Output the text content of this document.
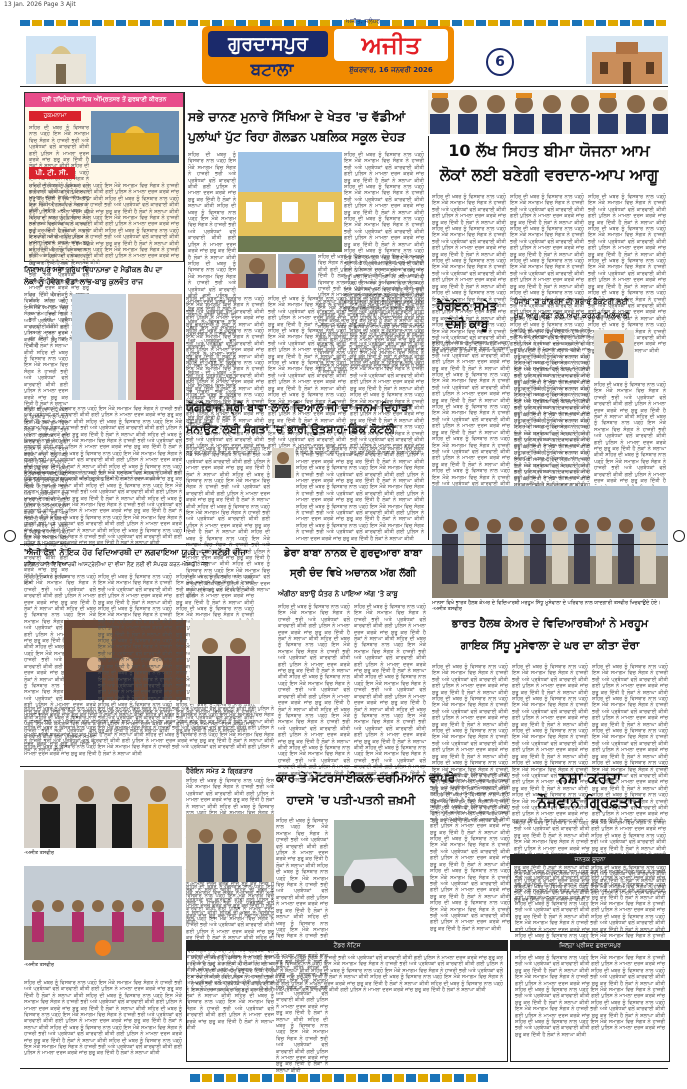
13 Jan. 2026 Page 3 Ajit
ਗੁਰਦਾਸਪੁਰ
ਬਟਾਲਾ
ਅਜੀਤ
ਅਜੀਤ, ਜਲੰਧਰ
ਸ਼ੁੱਕਰਵਾਰ, 16 ਜਨਵਰੀ 2026	6
ਸ੍ਰੀ ਹਰਿਮੰਦਰ ਸਾਹਿਬ ਅੰਮ੍ਰਿਤਸਰ ਤੋਂ ਗੁਰਬਾਣੀ ਕੀਰਤਨ
ਹੁਕਮਨਾਮਾ
ਸ਼ਹਿਰ ਦੀ ਖ਼ਬਰ ਨੂੰ ਵਿਸਥਾਰ ਨਾਲ ਪੜ੍ਹੋ ਇਸ ਮੌਕੇ ਸਮਾਗਮ ਵਿਚ ਸੰਗਤ ਨੇ ਹਾਜ਼ਰੀ ਭਰੀ ਅਤੇ ਪ੍ਰਬੰਧਕਾਂ ਵਲੋਂ ਕਾਰਵਾਈ ਕੀਤੀ ਗਈ ਪੁਲਿਸ ਨੇ ਮਾਮਲਾ ਦਰਜ ਕਰਕੇ ਜਾਂਚ ਸ਼ੁਰੂ ਕਰ ਦਿੱਤੀ ਹੈ ਲੋਕਾਂ ਨੇ ਸ਼ਲਾਘਾ ਕੀਤੀ ਸ਼ਹਿਰ ਦੀ ਖ਼ਬਰ ਨੂੰ ਵਿਸਥਾਰ ਨਾਲ ਪੜ੍ਹੋ ਇਸ ਮੌਕੇ ਸਮਾਗਮ ਵਿਚ ਸੰਗਤ ਨੇ ਹਾਜ਼ਰੀ ਭਰੀ ਅਤੇ ਪ੍ਰਬੰਧਕਾਂ ਵਲੋਂ ਕਾਰਵਾਈ ਕੀਤੀ ਗਈ ਪੁਲਿਸ ਨੇ ਮਾਮਲਾ ਦਰਜ ਕਰਕੇ ਜਾਂਚ ਸ਼ੁਰੂ ਕਰ ਦਿੱਤੀ ਹੈ ਲੋਕਾਂ ਨੇ ਸ਼ਲਾਘਾ ਕੀਤੀ ਸ਼ਹਿਰ ਦੀ ਖ਼ਬਰ ਨੂੰ ਵਿਸਥਾਰ ਨਾਲ ਪੜ੍ਹੋ ਇਸ ਮੌਕੇ ਸਮਾਗਮ ਵਿਚ ਸੰਗਤ ਨੇ ਹਾਜ਼ਰੀ ਭਰੀ ਅਤੇ ਪ੍ਰਬੰਧਕਾਂ ਵਲੋਂ ਕਾਰਵਾਈ ਕੀਤੀ ਗਈ ਪੁਲਿਸ ਨੇ ਮਾਮਲਾ ਦਰਜ ਕਰਕੇ ਜਾਂਚ ਸ਼ੁਰੂ ਕਰ ਦਿੱਤੀ ਹੈ ਲੋਕਾਂ ਨੇ ਸ਼ਲਾਘਾ ਕੀਤੀ ਸ਼ਹਿਰ ਦੀ ਖ਼ਬਰ ਨੂੰ ਵਿਸਥਾਰ ਨਾਲ ਪੜ੍ਹੋ ਇਸ ਮੌਕੇ ਸਮਾਗਮ ਵਿਚ ਸੰਗਤ ਨੇ ਹਾਜ਼ਰੀ ਭਰੀ ਅਤੇ ਪ੍ਰਬੰਧਕਾਂ ਵਲੋਂ ਕਾਰਵਾਈ ਕੀਤੀ ਗਈ ਪੁਲਿਸ ਨੇ ਮਾਮਲਾ ਦਰਜ ਕਰਕੇ ਜਾਂਚ ਸ਼ੁਰੂ ਕਰ ਦਿੱਤੀ ਹੈ ਲੋਕਾਂ ਨੇ ਸ਼ਲਾਘਾ ਕੀਤੀ ਸ਼ਹਿਰ ਦੀ ਖ਼ਬਰ ਨੂੰ ਵਿਸਥਾਰ ਨਾਲ ਪੜ੍ਹੋ ਇਸ ਮੌਕੇ ਸਮਾਗਮ ਵਿਚ ਸੰਗਤ ਨੇ ਹਾਜ਼ਰੀ ਭਰੀ ਅਤੇ ਪ੍ਰਬੰਧਕਾਂ ਵਲੋਂ ਕਾਰਵਾਈ ਕੀਤੀ ਗਈ ਪੁਲਿਸ ਨੇ ਮਾਮਲਾ ਦਰਜ ਕਰਕੇ ਜਾਂਚ ਸ਼ੁਰੂ ਕਰ ਦਿੱਤੀ ਹੈ ਲੋਕਾਂ ਨੇ ਸ਼ਲਾਘਾ ਕੀਤੀ
ਪੀ. ਟੀ. ਸੀ.
ਸ਼ਹਿਰ ਦੀ ਖ਼ਬਰ ਨੂੰ ਵਿਸਥਾਰ ਨਾਲ ਪੜ੍ਹੋ ਇਸ ਮੌਕੇ ਸਮਾਗਮ ਵਿਚ ਸੰਗਤ ਨੇ ਹਾਜ਼ਰੀ ਭਰੀ ਅਤੇ ਪ੍ਰਬੰਧਕਾਂ ਵਲੋਂ ਕਾਰਵਾਈ ਕੀਤੀ ਗਈ ਪੁਲਿਸ ਨੇ ਮਾਮਲਾ ਦਰਜ ਕਰਕੇ ਜਾਂਚ ਸ਼ੁਰੂ ਕਰ ਦਿੱਤੀ ਹੈ ਲੋਕਾਂ ਨੇ ਸ਼ਲਾਘਾ ਕੀਤੀ ਸ਼ਹਿਰ ਦੀ ਖ਼ਬਰ ਨੂੰ ਵਿਸਥਾਰ ਨਾਲ ਪੜ੍ਹੋ ਇਸ ਮੌਕੇ ਸਮਾਗਮ ਵਿਚ ਸੰਗਤ ਨੇ ਹਾਜ਼ਰੀ ਭਰੀ ਅਤੇ ਪ੍ਰਬੰਧਕਾਂ ਵਲੋਂ ਕਾਰਵਾਈ ਕੀਤੀ ਗਈ ਪੁਲਿਸ ਨੇ ਮਾਮਲਾ ਦਰਜ ਕਰਕੇ ਜਾਂਚ ਸ਼ੁਰੂ ਕਰ ਦਿੱਤੀ ਹੈ ਲੋਕਾਂ ਨੇ ਸ਼ਲਾਘਾ ਕੀਤੀ ਸ਼ਹਿਰ ਦੀ ਖ਼ਬਰ ਨੂੰ ਵਿਸਥਾਰ ਨਾਲ ਪੜ੍ਹੋ ਇਸ ਮੌਕੇ ਸਮਾਗਮ ਵਿਚ ਸੰਗਤ ਨੇ ਹਾਜ਼ਰੀ ਭਰੀ ਅਤੇ ਪ੍ਰਬੰਧਕਾਂ ਵਲੋਂ ਕਾਰਵਾਈ ਕੀਤੀ ਗਈ ਪੁਲਿਸ ਨੇ ਮਾਮਲਾ ਦਰਜ ਕਰਕੇ ਜਾਂਚ ਸ਼ੁਰੂ ਕਰ ਦਿੱਤੀ ਹੈ ਲੋਕਾਂ ਨੇ ਸ਼ਲਾਘਾ ਕੀਤੀ ਸ਼ਹਿਰ ਦੀ ਖ਼ਬਰ ਨੂੰ ਵਿਸਥਾਰ ਨਾਲ ਪੜ੍ਹੋ ਇਸ ਮੌਕੇ ਸਮਾਗਮ ਵਿਚ ਸੰਗਤ ਨੇ ਹਾਜ਼ਰੀ ਭਰੀ ਅਤੇ ਪ੍ਰਬੰਧਕਾਂ ਵਲੋਂ ਕਾਰਵਾਈ ਕੀਤੀ ਗਈ ਪੁਲਿਸ ਨੇ ਮਾਮਲਾ ਦਰਜ ਕਰਕੇ ਜਾਂਚ ਸ਼ੁਰੂ ਕਰ ਦਿੱਤੀ ਹੈ ਲੋਕਾਂ ਨੇ ਸ਼ਲਾਘਾ ਕੀਤੀ ਸ਼ਹਿਰ ਦੀ ਖ਼ਬਰ ਨੂੰ ਵਿਸਥਾਰ ਨਾਲ ਪੜ੍ਹੋ ਇਸ ਮੌਕੇ ਸਮਾਗਮ ਵਿਚ ਸੰਗਤ ਨੇ ਹਾਜ਼ਰੀ ਭਰੀ ਅਤੇ ਪ੍ਰਬੰਧਕਾਂ ਵਲੋਂ ਕਾਰਵਾਈ ਕੀਤੀ ਗਈ ਪੁਲਿਸ ਨੇ ਮਾਮਲਾ ਦਰਜ ਕਰਕੇ ਜਾਂਚ ਸ਼ੁਰੂ ਕਰ ਦਿੱਤੀ ਹੈ ਲੋਕਾਂ ਨੇ ਸ਼ਲਾਘਾ ਕੀਤੀ
ਸਭੇ ਚਾਨਣ ਮੁਨਾਰੇ ਸਿੱਖਿਆ ਦੇ ਖੇਤਰ 'ਚ ਵੱਡੀਆਂ
ਪੁਲਾਂਘਾਂ ਪੁੱਟ ਰਿਹਾ ਗੋਲਡਨ ਪਬਲਿਕ ਸਕੂਲ ਦੇਹੜ
ਸ਼ਹਿਰ ਦੀ ਖ਼ਬਰ ਨੂੰ ਵਿਸਥਾਰ ਨਾਲ ਪੜ੍ਹੋ ਇਸ ਮੌਕੇ ਸਮਾਗਮ ਵਿਚ ਸੰਗਤ ਨੇ ਹਾਜ਼ਰੀ ਭਰੀ ਅਤੇ ਪ੍ਰਬੰਧਕਾਂ ਵਲੋਂ ਕਾਰਵਾਈ ਕੀਤੀ ਗਈ ਪੁਲਿਸ ਨੇ ਮਾਮਲਾ ਦਰਜ ਕਰਕੇ ਜਾਂਚ ਸ਼ੁਰੂ ਕਰ ਦਿੱਤੀ ਹੈ ਲੋਕਾਂ ਨੇ ਸ਼ਲਾਘਾ ਕੀਤੀ ਸ਼ਹਿਰ ਦੀ ਖ਼ਬਰ ਨੂੰ ਵਿਸਥਾਰ ਨਾਲ ਪੜ੍ਹੋ ਇਸ ਮੌਕੇ ਸਮਾਗਮ ਵਿਚ ਸੰਗਤ ਨੇ ਹਾਜ਼ਰੀ ਭਰੀ ਅਤੇ ਪ੍ਰਬੰਧਕਾਂ ਵਲੋਂ ਕਾਰਵਾਈ ਕੀਤੀ ਗਈ ਪੁਲਿਸ ਨੇ ਮਾਮਲਾ ਦਰਜ ਕਰਕੇ ਜਾਂਚ ਸ਼ੁਰੂ ਕਰ ਦਿੱਤੀ ਹੈ ਲੋਕਾਂ ਨੇ ਸ਼ਲਾਘਾ ਕੀਤੀ ਸ਼ਹਿਰ ਦੀ ਖ਼ਬਰ ਨੂੰ ਵਿਸਥਾਰ ਨਾਲ ਪੜ੍ਹੋ ਇਸ ਮੌਕੇ ਸਮਾਗਮ ਵਿਚ ਸੰਗਤ ਨੇ ਹਾਜ਼ਰੀ ਭਰੀ ਅਤੇ ਪ੍ਰਬੰਧਕਾਂ ਵਲੋਂ ਕਾਰਵਾਈ ਕੀਤੀ ਗਈ ਪੁਲਿਸ ਨੇ ਮਾਮਲਾ ਦਰਜ ਕਰਕੇ ਜਾਂਚ ਸ਼ੁਰੂ ਕਰ ਦਿੱਤੀ ਹੈ ਲੋਕਾਂ ਨੇ ਸ਼ਲਾਘਾ ਕੀਤੀ ਸ਼ਹਿਰ ਦੀ ਖ਼ਬਰ ਨੂੰ ਵਿਸਥਾਰ ਨਾਲ ਪੜ੍ਹੋ ਇਸ ਮੌਕੇ ਸਮਾਗਮ ਵਿਚ ਸੰਗਤ ਨੇ ਹਾਜ਼ਰੀ ਭਰੀ ਅਤੇ ਪ੍ਰਬੰਧਕਾਂ ਵਲੋਂ ਕਾਰਵਾਈ ਕੀਤੀ ਗਈ ਪੁਲਿਸ ਨੇ ਮਾਮਲਾ ਦਰਜ ਕਰਕੇ ਜਾਂਚ ਸ਼ੁਰੂ ਕਰ ਦਿੱਤੀ ਹੈ ਲੋਕਾਂ ਨੇ ਸ਼ਲਾਘਾ ਕੀਤੀ ਸ਼ਹਿਰ ਦੀ ਖ਼ਬਰ ਨੂੰ ਵਿਸਥਾਰ ਨਾਲ ਪੜ੍ਹੋ ਇਸ ਮੌਕੇ ਸਮਾਗਮ ਵਿਚ ਸੰਗਤ ਨੇ ਹਾਜ਼ਰੀ ਭਰੀ ਅਤੇ ਪ੍ਰਬੰਧਕਾਂ ਵਲੋਂ ਕਾਰਵਾਈ ਕੀਤੀ ਗਈ ਪੁਲਿਸ ਨੇ ਮਾਮਲਾ ਦਰਜ ਕਰਕੇ ਜਾਂਚ ਸ਼ੁਰੂ ਕਰ ਦਿੱਤੀ ਹੈ ਲੋਕਾਂ ਨੇ ਸ਼ਲਾਘਾ ਕੀਤੀ
ਸ਼ਹਿਰ ਦੀ ਖ਼ਬਰ ਨੂੰ ਵਿਸਥਾਰ ਨਾਲ ਪੜ੍ਹੋ ਇਸ ਮੌਕੇ ਸਮਾਗਮ ਵਿਚ ਸੰਗਤ ਨੇ ਹਾਜ਼ਰੀ ਭਰੀ ਅਤੇ ਪ੍ਰਬੰਧਕਾਂ ਵਲੋਂ ਕਾਰਵਾਈ ਕੀਤੀ ਗਈ ਪੁਲਿਸ ਨੇ ਮਾਮਲਾ ਦਰਜ ਕਰਕੇ ਜਾਂਚ ਸ਼ੁਰੂ ਕਰ ਦਿੱਤੀ ਹੈ ਲੋਕਾਂ ਨੇ ਸ਼ਲਾਘਾ ਕੀਤੀ ਸ਼ਹਿਰ ਦੀ ਖ਼ਬਰ ਨੂੰ ਵਿਸਥਾਰ ਨਾਲ ਪੜ੍ਹੋ ਇਸ ਮੌਕੇ ਸਮਾਗਮ ਵਿਚ ਸੰਗਤ ਨੇ ਹਾਜ਼ਰੀ ਭਰੀ ਅਤੇ ਪ੍ਰਬੰਧਕਾਂ ਵਲੋਂ ਕਾਰਵਾਈ ਕੀਤੀ ਗਈ ਪੁਲਿਸ ਨੇ ਮਾਮਲਾ ਦਰਜ ਕਰਕੇ ਜਾਂਚ ਸ਼ੁਰੂ ਕਰ ਦਿੱਤੀ ਹੈ ਲੋਕਾਂ ਨੇ ਸ਼ਲਾਘਾ ਕੀਤੀ ਸ਼ਹਿਰ ਦੀ ਖ਼ਬਰ ਨੂੰ ਵਿਸਥਾਰ ਨਾਲ ਪੜ੍ਹੋ ਇਸ ਮੌਕੇ ਸਮਾਗਮ ਵਿਚ ਸੰਗਤ ਨੇ ਹਾਜ਼ਰੀ ਭਰੀ ਅਤੇ ਪ੍ਰਬੰਧਕਾਂ ਵਲੋਂ ਕਾਰਵਾਈ ਕੀਤੀ ਗਈ ਪੁਲਿਸ ਨੇ ਮਾਮਲਾ ਦਰਜ ਕਰਕੇ ਜਾਂਚ ਸ਼ੁਰੂ ਕਰ ਦਿੱਤੀ ਹੈ ਲੋਕਾਂ ਨੇ ਸ਼ਲਾਘਾ ਕੀਤੀ ਸ਼ਹਿਰ ਦੀ ਖ਼ਬਰ ਨੂੰ ਵਿਸਥਾਰ ਨਾਲ ਪੜ੍ਹੋ ਇਸ ਮੌਕੇ ਸਮਾਗਮ ਵਿਚ ਸੰਗਤ ਨੇ ਹਾਜ਼ਰੀ ਭਰੀ ਅਤੇ ਪ੍ਰਬੰਧਕਾਂ ਵਲੋਂ ਕਾਰਵਾਈ ਕੀਤੀ ਗਈ ਪੁਲਿਸ ਨੇ ਮਾਮਲਾ ਦਰਜ ਕਰਕੇ ਜਾਂਚ ਸ਼ੁਰੂ ਕਰ ਦਿੱਤੀ ਹੈ ਲੋਕਾਂ ਨੇ ਸ਼ਲਾਘਾ ਕੀਤੀ ਸ਼ਹਿਰ ਦੀ ਖ਼ਬਰ ਨੂੰ ਵਿਸਥਾਰ ਨਾਲ ਪੜ੍ਹੋ ਇਸ ਮੌਕੇ ਸਮਾਗਮ ਵਿਚ ਸੰਗਤ ਨੇ ਹਾਜ਼ਰੀ ਭਰੀ ਅਤੇ ਪ੍ਰਬੰਧਕਾਂ ਵਲੋਂ ਕਾਰਵਾਈ ਕੀਤੀ ਗਈ ਪੁਲਿਸ ਨੇ ਮਾਮਲਾ ਦਰਜ ਕਰਕੇ ਜਾਂਚ ਸ਼ੁਰੂ ਕਰ ਦਿੱਤੀ ਹੈ ਲੋਕਾਂ ਨੇ ਸ਼ਲਾਘਾ ਕੀਤੀ
ਸ਼ਹਿਰ ਦੀ ਖ਼ਬਰ ਨੂੰ ਵਿਸਥਾਰ ਨਾਲ ਪੜ੍ਹੋ ਇਸ ਮੌਕੇ ਸਮਾਗਮ ਵਿਚ ਸੰਗਤ ਨੇ ਹਾਜ਼ਰੀ ਭਰੀ ਅਤੇ ਪ੍ਰਬੰਧਕਾਂ ਵਲੋਂ ਕਾਰਵਾਈ ਕੀਤੀ ਗਈ ਪੁਲਿਸ ਨੇ ਮਾਮਲਾ ਦਰਜ ਕਰਕੇ ਜਾਂਚ ਸ਼ੁਰੂ ਕਰ ਦਿੱਤੀ ਹੈ ਲੋਕਾਂ ਨੇ ਸ਼ਲਾਘਾ ਕੀਤੀ ਸ਼ਹਿਰ ਦੀ ਖ਼ਬਰ ਨੂੰ ਵਿਸਥਾਰ ਨਾਲ ਪੜ੍ਹੋ ਇਸ ਮੌਕੇ ਸਮਾਗਮ ਵਿਚ ਸੰਗਤ ਨੇ ਹਾਜ਼ਰੀ ਭਰੀ ਅਤੇ ਪ੍ਰਬੰਧਕਾਂ ਵਲੋਂ ਕਾਰਵਾਈ ਕੀਤੀ ਗਈ ਪੁਲਿਸ ਨੇ ਮਾਮਲਾ ਦਰਜ ਕਰਕੇ ਜਾਂਚ ਸ਼ੁਰੂ ਕਰ ਦਿੱਤੀ ਹੈ ਲੋਕਾਂ ਨੇ ਸ਼ਲਾਘਾ ਕੀਤੀ ਸ਼ਹਿਰ ਦੀ ਖ਼ਬਰ ਨੂੰ ਵਿਸਥਾਰ ਨਾਲ ਪੜ੍ਹੋ ਇਸ ਮੌਕੇ ਸਮਾਗਮ ਵਿਚ ਸੰਗਤ ਨੇ ਹਾਜ਼ਰੀ ਭਰੀ ਅਤੇ ਪ੍ਰਬੰਧਕਾਂ ਵਲੋਂ ਕਾਰਵਾਈ ਕੀਤੀ ਗਈ ਪੁਲਿਸ ਨੇ ਮਾਮਲਾ ਦਰਜ ਕਰਕੇ ਜਾਂਚ ਸ਼ੁਰੂ ਕਰ ਦਿੱਤੀ ਹੈ ਲੋਕਾਂ ਨੇ ਸ਼ਲਾਘਾ ਕੀਤੀ ਸ਼ਹਿਰ ਦੀ ਖ਼ਬਰ ਨੂੰ ਵਿਸਥਾਰ ਨਾਲ ਪੜ੍ਹੋ ਇਸ ਮੌਕੇ ਸਮਾਗਮ ਵਿਚ ਸੰਗਤ ਨੇ ਹਾਜ਼ਰੀ ਭਰੀ ਅਤੇ ਪ੍ਰਬੰਧਕਾਂ ਵਲੋਂ ਕਾਰਵਾਈ ਕੀਤੀ ਗਈ ਪੁਲਿਸ ਨੇ ਮਾਮਲਾ ਦਰਜ ਕਰਕੇ ਜਾਂਚ ਸ਼ੁਰੂ ਕਰ ਦਿੱਤੀ ਹੈ ਲੋਕਾਂ ਨੇ ਸ਼ਲਾਘਾ ਕੀਤੀ ਸ਼ਹਿਰ ਦੀ ਖ਼ਬਰ ਨੂੰ ਵਿਸਥਾਰ ਨਾਲ ਪੜ੍ਹੋ ਇਸ ਮੌਕੇ ਸਮਾਗਮ ਵਿਚ ਸੰਗਤ ਨੇ ਹਾਜ਼ਰੀ ਭਰੀ ਅਤੇ ਪ੍ਰਬੰਧਕਾਂ ਵਲੋਂ ਕਾਰਵਾਈ ਕੀਤੀ ਗਈ ਪੁਲਿਸ ਨੇ ਮਾਮਲਾ ਦਰਜ ਕਰਕੇ ਜਾਂਚ ਸ਼ੁਰੂ ਕਰ ਦਿੱਤੀ ਹੈ ਲੋਕਾਂ ਨੇ ਸ਼ਲਾਘਾ ਕੀਤੀ
10 ਲੱਖ ਸਿਹਤ ਬੀਮਾ ਯੋਜਨਾ ਆਮ
ਲੋਕਾਂ ਲਈ ਬਣੇਗੀ ਵਰਦਾਨ-ਆਪ ਆਗੂ
ਸ਼ਹਿਰ ਦੀ ਖ਼ਬਰ ਨੂੰ ਵਿਸਥਾਰ ਨਾਲ ਪੜ੍ਹੋ ਇਸ ਮੌਕੇ ਸਮਾਗਮ ਵਿਚ ਸੰਗਤ ਨੇ ਹਾਜ਼ਰੀ ਭਰੀ ਅਤੇ ਪ੍ਰਬੰਧਕਾਂ ਵਲੋਂ ਕਾਰਵਾਈ ਕੀਤੀ ਗਈ ਪੁਲਿਸ ਨੇ ਮਾਮਲਾ ਦਰਜ ਕਰਕੇ ਜਾਂਚ ਸ਼ੁਰੂ ਕਰ ਦਿੱਤੀ ਹੈ ਲੋਕਾਂ ਨੇ ਸ਼ਲਾਘਾ ਕੀਤੀ ਸ਼ਹਿਰ ਦੀ ਖ਼ਬਰ ਨੂੰ ਵਿਸਥਾਰ ਨਾਲ ਪੜ੍ਹੋ ਇਸ ਮੌਕੇ ਸਮਾਗਮ ਵਿਚ ਸੰਗਤ ਨੇ ਹਾਜ਼ਰੀ ਭਰੀ ਅਤੇ ਪ੍ਰਬੰਧਕਾਂ ਵਲੋਂ ਕਾਰਵਾਈ ਕੀਤੀ ਗਈ ਪੁਲਿਸ ਨੇ ਮਾਮਲਾ ਦਰਜ ਕਰਕੇ ਜਾਂਚ ਸ਼ੁਰੂ ਕਰ ਦਿੱਤੀ ਹੈ ਲੋਕਾਂ ਨੇ ਸ਼ਲਾਘਾ ਕੀਤੀ ਸ਼ਹਿਰ ਦੀ ਖ਼ਬਰ ਨੂੰ ਵਿਸਥਾਰ ਨਾਲ ਪੜ੍ਹੋ ਇਸ ਮੌਕੇ ਸਮਾਗਮ ਵਿਚ ਸੰਗਤ ਨੇ ਹਾਜ਼ਰੀ ਭਰੀ ਅਤੇ ਪ੍ਰਬੰਧਕਾਂ ਵਲੋਂ ਕਾਰਵਾਈ ਕੀਤੀ ਗਈ ਪੁਲਿਸ ਨੇ ਮਾਮਲਾ ਦਰਜ ਕਰਕੇ ਜਾਂਚ ਸ਼ੁਰੂ ਕਰ ਦਿੱਤੀ ਹੈ ਲੋਕਾਂ ਨੇ ਸ਼ਲਾਘਾ ਕੀਤੀ ਸ਼ਹਿਰ ਦੀ ਖ਼ਬਰ ਨੂੰ ਵਿਸਥਾਰ ਨਾਲ ਪੜ੍ਹੋ ਇਸ ਮੌਕੇ ਸਮਾਗਮ ਵਿਚ ਸੰਗਤ ਨੇ ਹਾਜ਼ਰੀ ਭਰੀ ਅਤੇ ਪ੍ਰਬੰਧਕਾਂ ਵਲੋਂ ਕਾਰਵਾਈ ਕੀਤੀ ਗਈ ਪੁਲਿਸ ਨੇ ਮਾਮਲਾ ਦਰਜ ਕਰਕੇ ਜਾਂਚ ਸ਼ੁਰੂ ਕਰ ਦਿੱਤੀ ਹੈ ਲੋਕਾਂ ਨੇ ਸ਼ਲਾਘਾ ਕੀਤੀ ਸ਼ਹਿਰ ਦੀ ਖ਼ਬਰ ਨੂੰ ਵਿਸਥਾਰ ਨਾਲ ਪੜ੍ਹੋ ਇਸ ਮੌਕੇ ਸਮਾਗਮ ਵਿਚ ਸੰਗਤ ਨੇ ਹਾਜ਼ਰੀ ਭਰੀ ਅਤੇ ਪ੍ਰਬੰਧਕਾਂ ਵਲੋਂ ਕਾਰਵਾਈ ਕੀਤੀ ਗਈ ਪੁਲਿਸ ਨੇ ਮਾਮਲਾ ਦਰਜ ਕਰਕੇ ਜਾਂਚ ਸ਼ੁਰੂ ਕਰ ਦਿੱਤੀ ਹੈ ਲੋਕਾਂ ਨੇ ਸ਼ਲਾਘਾ ਕੀਤੀ
ਸ਼ਹਿਰ ਦੀ ਖ਼ਬਰ ਨੂੰ ਵਿਸਥਾਰ ਨਾਲ ਪੜ੍ਹੋ ਇਸ ਮੌਕੇ ਸਮਾਗਮ ਵਿਚ ਸੰਗਤ ਨੇ ਹਾਜ਼ਰੀ ਭਰੀ ਅਤੇ ਪ੍ਰਬੰਧਕਾਂ ਵਲੋਂ ਕਾਰਵਾਈ ਕੀਤੀ ਗਈ ਪੁਲਿਸ ਨੇ ਮਾਮਲਾ ਦਰਜ ਕਰਕੇ ਜਾਂਚ ਸ਼ੁਰੂ ਕਰ ਦਿੱਤੀ ਹੈ ਲੋਕਾਂ ਨੇ ਸ਼ਲਾਘਾ ਕੀਤੀ ਸ਼ਹਿਰ ਦੀ ਖ਼ਬਰ ਨੂੰ ਵਿਸਥਾਰ ਨਾਲ ਪੜ੍ਹੋ ਇਸ ਮੌਕੇ ਸਮਾਗਮ ਵਿਚ ਸੰਗਤ ਨੇ ਹਾਜ਼ਰੀ ਭਰੀ ਅਤੇ ਪ੍ਰਬੰਧਕਾਂ ਵਲੋਂ ਕਾਰਵਾਈ ਕੀਤੀ ਗਈ ਪੁਲਿਸ ਨੇ ਮਾਮਲਾ ਦਰਜ ਕਰਕੇ ਜਾਂਚ ਸ਼ੁਰੂ ਕਰ ਦਿੱਤੀ ਹੈ ਲੋਕਾਂ ਨੇ ਸ਼ਲਾਘਾ ਕੀਤੀ ਸ਼ਹਿਰ ਦੀ ਖ਼ਬਰ ਨੂੰ ਵਿਸਥਾਰ ਨਾਲ ਪੜ੍ਹੋ ਇਸ ਮੌਕੇ ਸਮਾਗਮ ਵਿਚ ਸੰਗਤ ਨੇ ਹਾਜ਼ਰੀ ਭਰੀ ਅਤੇ ਪ੍ਰਬੰਧਕਾਂ ਵਲੋਂ ਕਾਰਵਾਈ ਕੀਤੀ ਗਈ ਪੁਲਿਸ ਨੇ ਮਾਮਲਾ ਦਰਜ ਕਰਕੇ ਜਾਂਚ ਸ਼ੁਰੂ ਕਰ ਦਿੱਤੀ ਹੈ ਲੋਕਾਂ ਨੇ ਸ਼ਲਾਘਾ ਕੀਤੀ ਸ਼ਹਿਰ ਦੀ ਖ਼ਬਰ ਨੂੰ ਵਿਸਥਾਰ ਨਾਲ ਪੜ੍ਹੋ ਇਸ ਮੌਕੇ ਸਮਾਗਮ ਵਿਚ ਸੰਗਤ ਨੇ ਹਾਜ਼ਰੀ ਭਰੀ ਅਤੇ ਪ੍ਰਬੰਧਕਾਂ ਵਲੋਂ ਕਾਰਵਾਈ ਕੀਤੀ ਗਈ ਪੁਲਿਸ ਨੇ ਮਾਮਲਾ ਦਰਜ ਕਰਕੇ ਜਾਂਚ ਸ਼ੁਰੂ ਕਰ ਦਿੱਤੀ ਹੈ ਲੋਕਾਂ ਨੇ ਸ਼ਲਾਘਾ ਕੀਤੀ ਸ਼ਹਿਰ ਦੀ ਖ਼ਬਰ ਨੂੰ ਵਿਸਥਾਰ ਨਾਲ ਪੜ੍ਹੋ ਇਸ ਮੌਕੇ ਸਮਾਗਮ ਵਿਚ ਸੰਗਤ ਨੇ ਹਾਜ਼ਰੀ ਭਰੀ ਅਤੇ ਪ੍ਰਬੰਧਕਾਂ ਵਲੋਂ ਕਾਰਵਾਈ ਕੀਤੀ ਗਈ ਪੁਲਿਸ ਨੇ ਮਾਮਲਾ ਦਰਜ ਕਰਕੇ ਜਾਂਚ ਸ਼ੁਰੂ ਕਰ ਦਿੱਤੀ ਹੈ ਲੋਕਾਂ ਨੇ ਸ਼ਲਾਘਾ ਕੀਤੀ
ਸ਼ਹਿਰ ਦੀ ਖ਼ਬਰ ਨੂੰ ਵਿਸਥਾਰ ਨਾਲ ਪੜ੍ਹੋ ਇਸ ਮੌਕੇ ਸਮਾਗਮ ਵਿਚ ਸੰਗਤ ਨੇ ਹਾਜ਼ਰੀ ਭਰੀ ਅਤੇ ਪ੍ਰਬੰਧਕਾਂ ਵਲੋਂ ਕਾਰਵਾਈ ਕੀਤੀ ਗਈ ਪੁਲਿਸ ਨੇ ਮਾਮਲਾ ਦਰਜ ਕਰਕੇ ਜਾਂਚ ਸ਼ੁਰੂ ਕਰ ਦਿੱਤੀ ਹੈ ਲੋਕਾਂ ਨੇ ਸ਼ਲਾਘਾ ਕੀਤੀ ਸ਼ਹਿਰ ਦੀ ਖ਼ਬਰ ਨੂੰ ਵਿਸਥਾਰ ਨਾਲ ਪੜ੍ਹੋ ਇਸ ਮੌਕੇ ਸਮਾਗਮ ਵਿਚ ਸੰਗਤ ਨੇ ਹਾਜ਼ਰੀ ਭਰੀ ਅਤੇ ਪ੍ਰਬੰਧਕਾਂ ਵਲੋਂ ਕਾਰਵਾਈ ਕੀਤੀ ਗਈ ਪੁਲਿਸ ਨੇ ਮਾਮਲਾ ਦਰਜ ਕਰਕੇ ਜਾਂਚ ਸ਼ੁਰੂ ਕਰ ਦਿੱਤੀ ਹੈ ਲੋਕਾਂ ਨੇ ਸ਼ਲਾਘਾ ਕੀਤੀ ਸ਼ਹਿਰ ਦੀ ਖ਼ਬਰ ਨੂੰ ਵਿਸਥਾਰ ਨਾਲ ਪੜ੍ਹੋ ਇਸ ਮੌਕੇ ਸਮਾਗਮ ਵਿਚ ਸੰਗਤ ਨੇ ਹਾਜ਼ਰੀ ਭਰੀ ਅਤੇ ਪ੍ਰਬੰਧਕਾਂ ਵਲੋਂ ਕਾਰਵਾਈ ਕੀਤੀ ਗਈ ਪੁਲਿਸ ਨੇ ਮਾਮਲਾ ਦਰਜ ਕਰਕੇ ਜਾਂਚ ਸ਼ੁਰੂ ਕਰ ਦਿੱਤੀ ਹੈ ਲੋਕਾਂ ਨੇ ਸ਼ਲਾਘਾ ਕੀਤੀ ਸ਼ਹਿਰ ਦੀ ਖ਼ਬਰ ਨੂੰ ਵਿਸਥਾਰ ਨਾਲ ਪੜ੍ਹੋ ਇਸ ਮੌਕੇ ਸਮਾਗਮ ਵਿਚ ਸੰਗਤ ਨੇ ਹਾਜ਼ਰੀ ਭਰੀ ਅਤੇ ਪ੍ਰਬੰਧਕਾਂ ਵਲੋਂ ਕਾਰਵਾਈ ਕੀਤੀ ਗਈ ਪੁਲਿਸ ਨੇ ਮਾਮਲਾ ਦਰਜ ਕਰਕੇ ਜਾਂਚ ਸ਼ੁਰੂ ਕਰ ਦਿੱਤੀ ਹੈ ਲੋਕਾਂ ਨੇ ਸ਼ਲਾਘਾ ਕੀਤੀ ਸ਼ਹਿਰ ਦੀ ਖ਼ਬਰ ਨੂੰ ਵਿਸਥਾਰ ਨਾਲ ਪੜ੍ਹੋ ਇਸ ਮੌਕੇ ਸਮਾਗਮ ਵਿਚ ਸੰਗਤ ਨੇ ਹਾਜ਼ਰੀ ਭਰੀ ਅਤੇ ਪ੍ਰਬੰਧਕਾਂ ਵਲੋਂ ਕਾਰਵਾਈ ਕੀਤੀ ਗਈ ਪੁਲਿਸ ਨੇ ਮਾਮਲਾ ਦਰਜ ਕਰਕੇ ਜਾਂਚ ਸ਼ੁਰੂ ਕਰ ਦਿੱਤੀ ਹੈ ਲੋਕਾਂ ਨੇ ਸ਼ਲਾਘਾ ਕੀਤੀ
ਨਿਜ਼ਾਮਪੁਰ ਸਭਾ ਗਰੁੱਪ ਵਿਧਾਨਸਭਾ ਦੇ ਮੈਡੀਕਲ ਕੈਂਪ ਦਾ
ਲੋਕਾਂ ਨੂੰ ਹੋਵੇਗਾ ਵੱਡਾ ਲਾਭ-ਬਾਬੂ ਕੁਲਵੰਤ ਰਾਜ
ਸ਼ਹਿਰ ਦੀ ਖ਼ਬਰ ਨੂੰ ਵਿਸਥਾਰ ਨਾਲ ਪੜ੍ਹੋ ਇਸ ਮੌਕੇ ਸਮਾਗਮ ਵਿਚ ਸੰਗਤ ਨੇ ਹਾਜ਼ਰੀ ਭਰੀ ਅਤੇ ਪ੍ਰਬੰਧਕਾਂ ਵਲੋਂ ਕਾਰਵਾਈ ਕੀਤੀ ਗਈ ਪੁਲਿਸ ਨੇ ਮਾਮਲਾ ਦਰਜ ਕਰਕੇ ਜਾਂਚ ਸ਼ੁਰੂ ਕਰ ਦਿੱਤੀ ਹੈ ਲੋਕਾਂ ਨੇ ਸ਼ਲਾਘਾ ਕੀਤੀ ਸ਼ਹਿਰ ਦੀ ਖ਼ਬਰ ਨੂੰ ਵਿਸਥਾਰ ਨਾਲ ਪੜ੍ਹੋ ਇਸ ਮੌਕੇ ਸਮਾਗਮ ਵਿਚ ਸੰਗਤ ਨੇ ਹਾਜ਼ਰੀ ਭਰੀ ਅਤੇ ਪ੍ਰਬੰਧਕਾਂ ਵਲੋਂ ਕਾਰਵਾਈ ਕੀਤੀ ਗਈ ਪੁਲਿਸ ਨੇ ਮਾਮਲਾ ਦਰਜ ਕਰਕੇ ਜਾਂਚ ਸ਼ੁਰੂ ਕਰ ਦਿੱਤੀ ਹੈ ਲੋਕਾਂ ਨੇ ਸ਼ਲਾਘਾ ਕੀਤੀ ਸ਼ਹਿਰ ਦੀ ਖ਼ਬਰ ਨੂੰ ਵਿਸਥਾਰ ਨਾਲ ਪੜ੍ਹੋ ਇਸ ਮੌਕੇ ਸਮਾਗਮ ਵਿਚ ਸੰਗਤ ਨੇ ਹਾਜ਼ਰੀ ਭਰੀ ਅਤੇ ਪ੍ਰਬੰਧਕਾਂ ਵਲੋਂ ਕਾਰਵਾਈ ਕੀਤੀ ਗਈ ਪੁਲਿਸ ਨੇ ਮਾਮਲਾ ਦਰਜ ਕਰਕੇ ਜਾਂਚ ਸ਼ੁਰੂ ਕਰ ਦਿੱਤੀ ਹੈ ਲੋਕਾਂ ਨੇ ਸ਼ਲਾਘਾ ਕੀਤੀ ਸ਼ਹਿਰ ਦੀ ਖ਼ਬਰ ਨੂੰ ਵਿਸਥਾਰ ਨਾਲ ਪੜ੍ਹੋ ਇਸ ਮੌਕੇ ਸਮਾਗਮ ਵਿਚ ਸੰਗਤ ਨੇ ਹਾਜ਼ਰੀ ਭਰੀ ਅਤੇ ਪ੍ਰਬੰਧਕਾਂ ਵਲੋਂ ਕਾਰਵਾਈ ਕੀਤੀ ਗਈ ਪੁਲਿਸ ਨੇ ਮਾਮਲਾ ਦਰਜ ਕਰਕੇ ਜਾਂਚ ਸ਼ੁਰੂ ਕਰ ਦਿੱਤੀ ਹੈ ਲੋਕਾਂ ਨੇ ਸ਼ਲਾਘਾ ਕੀਤੀ ਸ਼ਹਿਰ ਦੀ ਖ਼ਬਰ ਨੂੰ ਵਿਸਥਾਰ ਨਾਲ ਪੜ੍ਹੋ ਇਸ ਮੌਕੇ ਸਮਾਗਮ ਵਿਚ ਸੰਗਤ ਨੇ ਹਾਜ਼ਰੀ ਭਰੀ ਅਤੇ ਪ੍ਰਬੰਧਕਾਂ ਵਲੋਂ ਕਾਰਵਾਈ ਕੀਤੀ ਗਈ ਪੁਲਿਸ ਨੇ ਮਾਮਲਾ ਦਰਜ ਕਰਕੇ ਜਾਂਚ ਸ਼ੁਰੂ ਕਰ ਦਿੱਤੀ ਹੈ ਲੋਕਾਂ ਨੇ ਸ਼ਲਾਘਾ ਕੀਤੀ
ਸ਼ਹਿਰ ਦੀ ਖ਼ਬਰ ਨੂੰ ਵਿਸਥਾਰ ਨਾਲ ਪੜ੍ਹੋ ਇਸ ਮੌਕੇ ਸਮਾਗਮ ਵਿਚ ਸੰਗਤ ਨੇ ਹਾਜ਼ਰੀ ਭਰੀ ਅਤੇ ਪ੍ਰਬੰਧਕਾਂ ਵਲੋਂ ਕਾਰਵਾਈ ਕੀਤੀ ਗਈ ਪੁਲਿਸ ਨੇ ਮਾਮਲਾ ਦਰਜ ਕਰਕੇ ਜਾਂਚ ਸ਼ੁਰੂ ਕਰ ਦਿੱਤੀ ਹੈ ਲੋਕਾਂ ਨੇ ਸ਼ਲਾਘਾ ਕੀਤੀ ਸ਼ਹਿਰ ਦੀ ਖ਼ਬਰ ਨੂੰ ਵਿਸਥਾਰ ਨਾਲ ਪੜ੍ਹੋ ਇਸ ਮੌਕੇ ਸਮਾਗਮ ਵਿਚ ਸੰਗਤ ਨੇ ਹਾਜ਼ਰੀ ਭਰੀ ਅਤੇ ਪ੍ਰਬੰਧਕਾਂ ਵਲੋਂ ਕਾਰਵਾਈ ਕੀਤੀ ਗਈ ਪੁਲਿਸ ਨੇ ਮਾਮਲਾ ਦਰਜ ਕਰਕੇ ਜਾਂਚ ਸ਼ੁਰੂ ਕਰ ਦਿੱਤੀ ਹੈ ਲੋਕਾਂ ਨੇ ਸ਼ਲਾਘਾ ਕੀਤੀ ਸ਼ਹਿਰ ਦੀ ਖ਼ਬਰ ਨੂੰ ਵਿਸਥਾਰ ਨਾਲ ਪੜ੍ਹੋ ਇਸ ਮੌਕੇ ਸਮਾਗਮ ਵਿਚ ਸੰਗਤ ਨੇ ਹਾਜ਼ਰੀ ਭਰੀ ਅਤੇ ਪ੍ਰਬੰਧਕਾਂ ਵਲੋਂ ਕਾਰਵਾਈ ਕੀਤੀ ਗਈ ਪੁਲਿਸ ਨੇ ਮਾਮਲਾ ਦਰਜ ਕਰਕੇ ਜਾਂਚ ਸ਼ੁਰੂ ਕਰ ਦਿੱਤੀ ਹੈ ਲੋਕਾਂ ਨੇ ਸ਼ਲਾਘਾ ਕੀਤੀ ਸ਼ਹਿਰ ਦੀ ਖ਼ਬਰ ਨੂੰ ਵਿਸਥਾਰ ਨਾਲ ਪੜ੍ਹੋ ਇਸ ਮੌਕੇ ਸਮਾਗਮ ਵਿਚ ਸੰਗਤ ਨੇ ਹਾਜ਼ਰੀ ਭਰੀ ਅਤੇ ਪ੍ਰਬੰਧਕਾਂ ਵਲੋਂ ਕਾਰਵਾਈ ਕੀਤੀ ਗਈ ਪੁਲਿਸ ਨੇ ਮਾਮਲਾ ਦਰਜ ਕਰਕੇ ਜਾਂਚ ਸ਼ੁਰੂ ਕਰ ਦਿੱਤੀ ਹੈ ਲੋਕਾਂ ਨੇ ਸ਼ਲਾਘਾ ਕੀਤੀ ਸ਼ਹਿਰ ਦੀ ਖ਼ਬਰ ਨੂੰ ਵਿਸਥਾਰ ਨਾਲ ਪੜ੍ਹੋ ਇਸ ਮੌਕੇ ਸਮਾਗਮ ਵਿਚ ਸੰਗਤ ਨੇ ਹਾਜ਼ਰੀ ਭਰੀ ਅਤੇ ਪ੍ਰਬੰਧਕਾਂ ਵਲੋਂ ਕਾਰਵਾਈ ਕੀਤੀ ਗਈ ਪੁਲਿਸ ਨੇ ਮਾਮਲਾ ਦਰਜ ਕਰਕੇ ਜਾਂਚ ਸ਼ੁਰੂ ਕਰ ਦਿੱਤੀ ਹੈ ਲੋਕਾਂ ਨੇ ਸ਼ਲਾਘਾ ਕੀਤੀ
ਹੈਰੋਇਨ ਸਮੇਤ
ਦੋਸ਼ੀ ਕਾਬੂ
ਸ਼ਹਿਰ ਦੀ ਖ਼ਬਰ ਨੂੰ ਵਿਸਥਾਰ ਨਾਲ ਪੜ੍ਹੋ ਇਸ ਮੌਕੇ ਸਮਾਗਮ ਵਿਚ ਸੰਗਤ ਨੇ ਹਾਜ਼ਰੀ ਭਰੀ ਅਤੇ ਪ੍ਰਬੰਧਕਾਂ ਵਲੋਂ ਕਾਰਵਾਈ ਕੀਤੀ ਗਈ ਪੁਲਿਸ ਨੇ ਮਾਮਲਾ ਦਰਜ ਕਰਕੇ ਜਾਂਚ ਸ਼ੁਰੂ ਕਰ ਦਿੱਤੀ ਹੈ ਲੋਕਾਂ ਨੇ ਸ਼ਲਾਘਾ ਕੀਤੀ ਸ਼ਹਿਰ ਦੀ ਖ਼ਬਰ ਨੂੰ ਵਿਸਥਾਰ ਨਾਲ ਪੜ੍ਹੋ ਇਸ ਮੌਕੇ ਸਮਾਗਮ ਵਿਚ ਸੰਗਤ ਨੇ ਹਾਜ਼ਰੀ ਭਰੀ ਅਤੇ ਪ੍ਰਬੰਧਕਾਂ ਵਲੋਂ ਕਾਰਵਾਈ ਕੀਤੀ ਗਈ ਪੁਲਿਸ ਨੇ ਮਾਮਲਾ ਦਰਜ ਕਰਕੇ ਜਾਂਚ ਸ਼ੁਰੂ ਕਰ ਦਿੱਤੀ ਹੈ ਲੋਕਾਂ ਨੇ ਸ਼ਲਾਘਾ ਕੀਤੀ ਸ਼ਹਿਰ ਦੀ ਖ਼ਬਰ ਨੂੰ ਵਿਸਥਾਰ ਨਾਲ ਪੜ੍ਹੋ ਇਸ ਮੌਕੇ ਸਮਾਗਮ ਵਿਚ ਸੰਗਤ ਨੇ ਹਾਜ਼ਰੀ ਭਰੀ ਅਤੇ ਪ੍ਰਬੰਧਕਾਂ ਵਲੋਂ ਕਾਰਵਾਈ ਕੀਤੀ ਗਈ ਪੁਲਿਸ ਨੇ ਮਾਮਲਾ ਦਰਜ ਕਰਕੇ ਜਾਂਚ ਸ਼ੁਰੂ ਕਰ ਦਿੱਤੀ ਹੈ ਲੋਕਾਂ ਨੇ ਸ਼ਲਾਘਾ ਕੀਤੀ ਸ਼ਹਿਰ ਦੀ ਖ਼ਬਰ ਨੂੰ ਵਿਸਥਾਰ ਨਾਲ ਪੜ੍ਹੋ ਇਸ ਮੌਕੇ ਸਮਾਗਮ ਵਿਚ ਸੰਗਤ ਨੇ ਹਾਜ਼ਰੀ ਭਰੀ ਅਤੇ ਪ੍ਰਬੰਧਕਾਂ ਵਲੋਂ ਕਾਰਵਾਈ ਕੀਤੀ ਗਈ ਪੁਲਿਸ ਨੇ ਮਾਮਲਾ ਦਰਜ ਕਰਕੇ ਜਾਂਚ ਸ਼ੁਰੂ ਕਰ ਦਿੱਤੀ ਹੈ ਲੋਕਾਂ ਨੇ ਸ਼ਲਾਘਾ ਕੀਤੀ ਸ਼ਹਿਰ ਦੀ ਖ਼ਬਰ ਨੂੰ ਵਿਸਥਾਰ ਨਾਲ ਪੜ੍ਹੋ ਇਸ ਮੌਕੇ ਸਮਾਗਮ ਵਿਚ ਸੰਗਤ ਨੇ ਹਾਜ਼ਰੀ ਭਰੀ ਅਤੇ ਪ੍ਰਬੰਧਕਾਂ ਵਲੋਂ ਕਾਰਵਾਈ ਕੀਤੀ ਗਈ ਪੁਲਿਸ ਨੇ ਮਾਮਲਾ ਦਰਜ ਕਰਕੇ ਜਾਂਚ ਸ਼ੁਰੂ ਕਰ ਦਿੱਤੀ ਹੈ ਲੋਕਾਂ ਨੇ ਸ਼ਲਾਘਾ ਕੀਤੀ
ਪੰਜਾਬ 'ਚ ਕਾਂਗਰਸ ਦੀ ਸ਼ਰਾਬ ਫੈਕਟਰੀ ਲਈ
ਖ਼ੁਦ ਆਗੂ ਵੱਡਾ ਰੋਲ ਅਦਾ ਕਰਨਗੇ-ਮਿਲੇਵਾਲੀ
ਸ਼ਹਿਰ ਦੀ ਖ਼ਬਰ ਨੂੰ ਵਿਸਥਾਰ ਨਾਲ ਪੜ੍ਹੋ ਇਸ ਮੌਕੇ ਸਮਾਗਮ ਵਿਚ ਸੰਗਤ ਨੇ ਹਾਜ਼ਰੀ ਭਰੀ ਅਤੇ ਪ੍ਰਬੰਧਕਾਂ ਵਲੋਂ ਕਾਰਵਾਈ ਕੀਤੀ ਗਈ ਪੁਲਿਸ ਨੇ ਮਾਮਲਾ ਦਰਜ ਕਰਕੇ ਜਾਂਚ ਸ਼ੁਰੂ ਕਰ ਦਿੱਤੀ ਹੈ ਲੋਕਾਂ ਨੇ ਸ਼ਲਾਘਾ ਕੀਤੀ ਸ਼ਹਿਰ ਦੀ ਖ਼ਬਰ ਨੂੰ ਵਿਸਥਾਰ ਨਾਲ ਪੜ੍ਹੋ ਇਸ ਮੌਕੇ ਸਮਾਗਮ ਵਿਚ ਸੰਗਤ ਨੇ ਹਾਜ਼ਰੀ ਭਰੀ ਅਤੇ ਪ੍ਰਬੰਧਕਾਂ ਵਲੋਂ ਕਾਰਵਾਈ ਕੀਤੀ ਗਈ ਪੁਲਿਸ ਨੇ ਮਾਮਲਾ ਦਰਜ ਕਰਕੇ ਜਾਂਚ ਸ਼ੁਰੂ ਕਰ ਦਿੱਤੀ ਹੈ ਲੋਕਾਂ ਨੇ ਸ਼ਲਾਘਾ ਕੀਤੀ ਸ਼ਹਿਰ ਦੀ ਖ਼ਬਰ ਨੂੰ ਵਿਸਥਾਰ ਨਾਲ ਪੜ੍ਹੋ ਇਸ ਮੌਕੇ ਸਮਾਗਮ ਵਿਚ ਸੰਗਤ ਨੇ ਹਾਜ਼ਰੀ ਭਰੀ ਅਤੇ ਪ੍ਰਬੰਧਕਾਂ ਵਲੋਂ ਕਾਰਵਾਈ ਕੀਤੀ ਗਈ ਪੁਲਿਸ ਨੇ ਮਾਮਲਾ ਦਰਜ ਕਰਕੇ ਜਾਂਚ ਸ਼ੁਰੂ ਕਰ ਦਿੱਤੀ ਹੈ ਲੋਕਾਂ ਨੇ ਸ਼ਲਾਘਾ ਕੀਤੀ ਸ਼ਹਿਰ ਦੀ ਖ਼ਬਰ ਨੂੰ ਵਿਸਥਾਰ ਨਾਲ ਪੜ੍ਹੋ ਇਸ ਮੌਕੇ ਸਮਾਗਮ ਵਿਚ ਸੰਗਤ ਨੇ ਹਾਜ਼ਰੀ ਭਰੀ ਅਤੇ ਪ੍ਰਬੰਧਕਾਂ ਵਲੋਂ ਕਾਰਵਾਈ ਕੀਤੀ ਗਈ ਪੁਲਿਸ ਨੇ ਮਾਮਲਾ ਦਰਜ ਕਰਕੇ ਜਾਂਚ ਸ਼ੁਰੂ ਕਰ ਦਿੱਤੀ ਹੈ ਲੋਕਾਂ ਨੇ ਸ਼ਲਾਘਾ ਕੀਤੀ ਸ਼ਹਿਰ ਦੀ ਖ਼ਬਰ ਨੂੰ ਵਿਸਥਾਰ ਨਾਲ ਪੜ੍ਹੋ ਇਸ ਮੌਕੇ ਸਮਾਗਮ ਵਿਚ ਸੰਗਤ ਨੇ ਹਾਜ਼ਰੀ ਭਰੀ ਅਤੇ ਪ੍ਰਬੰਧਕਾਂ ਵਲੋਂ ਕਾਰਵਾਈ ਕੀਤੀ ਗਈ ਪੁਲਿਸ ਨੇ ਮਾਮਲਾ ਦਰਜ ਕਰਕੇ ਜਾਂਚ ਸ਼ੁਰੂ ਕਰ ਦਿੱਤੀ ਹੈ ਲੋਕਾਂ ਨੇ ਸ਼ਲਾਘਾ ਕੀਤੀ
ਸ਼ਹਿਰ ਦੀ ਖ਼ਬਰ ਨੂੰ ਵਿਸਥਾਰ ਨਾਲ ਪੜ੍ਹੋ ਇਸ ਮੌਕੇ ਸਮਾਗਮ ਵਿਚ ਸੰਗਤ ਨੇ ਹਾਜ਼ਰੀ ਭਰੀ ਅਤੇ ਪ੍ਰਬੰਧਕਾਂ ਵਲੋਂ ਕਾਰਵਾਈ ਕੀਤੀ ਗਈ ਪੁਲਿਸ ਨੇ ਮਾਮਲਾ ਦਰਜ ਕਰਕੇ ਜਾਂਚ ਸ਼ੁਰੂ ਕਰ ਦਿੱਤੀ ਹੈ ਲੋਕਾਂ ਨੇ ਸ਼ਲਾਘਾ ਕੀਤੀ ਸ਼ਹਿਰ ਦੀ ਖ਼ਬਰ ਨੂੰ ਵਿਸਥਾਰ ਨਾਲ ਪੜ੍ਹੋ ਇਸ ਮੌਕੇ ਸਮਾਗਮ ਵਿਚ ਸੰਗਤ ਨੇ ਹਾਜ਼ਰੀ ਭਰੀ ਅਤੇ ਪ੍ਰਬੰਧਕਾਂ ਵਲੋਂ ਕਾਰਵਾਈ ਕੀਤੀ ਗਈ ਪੁਲਿਸ ਨੇ ਮਾਮਲਾ ਦਰਜ ਕਰਕੇ ਜਾਂਚ ਸ਼ੁਰੂ ਕਰ ਦਿੱਤੀ ਹੈ ਲੋਕਾਂ ਨੇ ਸ਼ਲਾਘਾ ਕੀਤੀ ਸ਼ਹਿਰ ਦੀ ਖ਼ਬਰ ਨੂੰ ਵਿਸਥਾਰ ਨਾਲ ਪੜ੍ਹੋ ਇਸ ਮੌਕੇ ਸਮਾਗਮ ਵਿਚ ਸੰਗਤ ਨੇ ਹਾਜ਼ਰੀ ਭਰੀ ਅਤੇ ਪ੍ਰਬੰਧਕਾਂ ਵਲੋਂ ਕਾਰਵਾਈ ਕੀਤੀ ਗਈ ਪੁਲਿਸ ਨੇ ਮਾਮਲਾ ਦਰਜ ਕਰਕੇ ਜਾਂਚ ਸ਼ੁਰੂ ਕਰ ਦਿੱਤੀ ਹੈ ਲੋਕਾਂ ਨੇ ਸ਼ਲਾਘਾ ਕੀਤੀ ਸ਼ਹਿਰ ਦੀ ਖ਼ਬਰ ਨੂੰ ਵਿਸਥਾਰ ਨਾਲ ਪੜ੍ਹੋ ਇਸ ਮੌਕੇ ਸਮਾਗਮ ਵਿਚ ਸੰਗਤ ਨੇ ਹਾਜ਼ਰੀ ਭਰੀ ਅਤੇ ਪ੍ਰਬੰਧਕਾਂ ਵਲੋਂ ਕਾਰਵਾਈ ਕੀਤੀ ਗਈ ਪੁਲਿਸ ਨੇ ਮਾਮਲਾ ਦਰਜ ਕਰਕੇ ਜਾਂਚ ਸ਼ੁਰੂ ਕਰ ਦਿੱਤੀ ਹੈ ਲੋਕਾਂ ਨੇ ਸ਼ਲਾਘਾ ਕੀਤੀ ਸ਼ਹਿਰ ਦੀ ਖ਼ਬਰ ਨੂੰ ਵਿਸਥਾਰ ਨਾਲ ਪੜ੍ਹੋ ਇਸ ਮੌਕੇ ਸਮਾਗਮ ਵਿਚ ਸੰਗਤ ਨੇ ਹਾਜ਼ਰੀ ਭਰੀ ਅਤੇ ਪ੍ਰਬੰਧਕਾਂ ਵਲੋਂ ਕਾਰਵਾਈ ਕੀਤੀ ਗਈ ਪੁਲਿਸ ਨੇ ਮਾਮਲਾ ਦਰਜ ਕਰਕੇ ਜਾਂਚ ਸ਼ੁਰੂ ਕਰ ਦਿੱਤੀ ਹੈ ਲੋਕਾਂ ਨੇ ਸ਼ਲਾਘਾ ਕੀਤੀ
ਸ਼ਹਿਰ ਦੀ ਖ਼ਬਰ ਨੂੰ ਵਿਸਥਾਰ ਨਾਲ ਪੜ੍ਹੋ ਇਸ ਮੌਕੇ ਸਮਾਗਮ ਵਿਚ ਸੰਗਤ ਨੇ ਹਾਜ਼ਰੀ ਭਰੀ ਅਤੇ ਪ੍ਰਬੰਧਕਾਂ ਵਲੋਂ ਕਾਰਵਾਈ ਕੀਤੀ ਗਈ ਪੁਲਿਸ ਨੇ ਮਾਮਲਾ ਦਰਜ ਕਰਕੇ ਜਾਂਚ ਸ਼ੁਰੂ ਕਰ ਦਿੱਤੀ ਹੈ ਲੋਕਾਂ ਨੇ ਸ਼ਲਾਘਾ ਕੀਤੀ ਸ਼ਹਿਰ ਦੀ ਖ਼ਬਰ ਨੂੰ ਵਿਸਥਾਰ ਨਾਲ ਪੜ੍ਹੋ ਇਸ ਮੌਕੇ ਸਮਾਗਮ ਵਿਚ ਸੰਗਤ ਨੇ ਹਾਜ਼ਰੀ ਭਰੀ ਅਤੇ ਪ੍ਰਬੰਧਕਾਂ ਵਲੋਂ ਕਾਰਵਾਈ ਕੀਤੀ ਗਈ ਪੁਲਿਸ ਨੇ ਮਾਮਲਾ ਦਰਜ ਕਰਕੇ ਜਾਂਚ ਸ਼ੁਰੂ ਕਰ ਦਿੱਤੀ ਹੈ ਲੋਕਾਂ ਨੇ ਸ਼ਲਾਘਾ ਕੀਤੀ ਸ਼ਹਿਰ ਦੀ ਖ਼ਬਰ ਨੂੰ ਵਿਸਥਾਰ ਨਾਲ ਪੜ੍ਹੋ ਇਸ ਮੌਕੇ ਸਮਾਗਮ ਵਿਚ ਸੰਗਤ ਨੇ ਹਾਜ਼ਰੀ ਭਰੀ ਅਤੇ ਪ੍ਰਬੰਧਕਾਂ ਵਲੋਂ ਕਾਰਵਾਈ ਕੀਤੀ ਗਈ ਪੁਲਿਸ ਨੇ ਮਾਮਲਾ ਦਰਜ ਕਰਕੇ ਜਾਂਚ ਸ਼ੁਰੂ ਕਰ ਦਿੱਤੀ ਹੈ ਲੋਕਾਂ ਨੇ ਸ਼ਲਾਘਾ ਕੀਤੀ ਸ਼ਹਿਰ ਦੀ ਖ਼ਬਰ ਨੂੰ ਵਿਸਥਾਰ ਨਾਲ ਪੜ੍ਹੋ ਇਸ ਮੌਕੇ ਸਮਾਗਮ ਵਿਚ ਸੰਗਤ ਨੇ ਹਾਜ਼ਰੀ ਭਰੀ ਅਤੇ ਪ੍ਰਬੰਧਕਾਂ ਵਲੋਂ ਕਾਰਵਾਈ ਕੀਤੀ ਗਈ ਪੁਲਿਸ ਨੇ ਮਾਮਲਾ ਦਰਜ ਕਰਕੇ ਜਾਂਚ ਸ਼ੁਰੂ ਕਰ ਦਿੱਤੀ ਹੈ ਲੋਕਾਂ ਨੇ ਸ਼ਲਾਘਾ ਕੀਤੀ ਸ਼ਹਿਰ ਦੀ ਖ਼ਬਰ ਨੂੰ ਵਿਸਥਾਰ ਨਾਲ ਪੜ੍ਹੋ ਇਸ ਮੌਕੇ ਸਮਾਗਮ ਵਿਚ ਸੰਗਤ ਨੇ ਹਾਜ਼ਰੀ ਭਰੀ ਅਤੇ ਪ੍ਰਬੰਧਕਾਂ ਵਲੋਂ ਕਾਰਵਾਈ ਕੀਤੀ ਗਈ ਪੁਲਿਸ ਨੇ ਮਾਮਲਾ ਦਰਜ ਕਰਕੇ ਜਾਂਚ ਸ਼ੁਰੂ ਕਰ ਦਿੱਤੀ ਹੈ ਲੋਕਾਂ ਨੇ ਸ਼ਲਾਘਾ ਕੀਤੀ
ਯੋਗੀਰਾਜ ਸ੍ਰੀ ਬਾਵਾ ਲਾਲ ਦਿਆਲ ਜੀ ਦਾ ਜਨਮ ਦਿਹਾੜਾ
ਮਨਾਉਣ ਲਈ ਸੰਗਤਾਂ 'ਚ ਭਾਰੀ ਉਤਸ਼ਾਹ-ਡਿੰਕ ਕੋਟਲੀ
ਸ਼ਹਿਰ ਦੀ ਖ਼ਬਰ ਨੂੰ ਵਿਸਥਾਰ ਨਾਲ ਪੜ੍ਹੋ ਇਸ ਮੌਕੇ ਸਮਾਗਮ ਵਿਚ ਸੰਗਤ ਨੇ ਹਾਜ਼ਰੀ ਭਰੀ ਅਤੇ ਪ੍ਰਬੰਧਕਾਂ ਵਲੋਂ ਕਾਰਵਾਈ ਕੀਤੀ ਗਈ ਪੁਲਿਸ ਨੇ ਮਾਮਲਾ ਦਰਜ ਕਰਕੇ ਜਾਂਚ ਸ਼ੁਰੂ ਕਰ ਦਿੱਤੀ ਹੈ ਲੋਕਾਂ ਨੇ ਸ਼ਲਾਘਾ ਕੀਤੀ ਸ਼ਹਿਰ ਦੀ ਖ਼ਬਰ ਨੂੰ ਵਿਸਥਾਰ ਨਾਲ ਪੜ੍ਹੋ ਇਸ ਮੌਕੇ ਸਮਾਗਮ ਵਿਚ ਸੰਗਤ ਨੇ ਹਾਜ਼ਰੀ ਭਰੀ ਅਤੇ ਪ੍ਰਬੰਧਕਾਂ ਵਲੋਂ ਕਾਰਵਾਈ ਕੀਤੀ ਗਈ ਪੁਲਿਸ ਨੇ ਮਾਮਲਾ ਦਰਜ ਕਰਕੇ ਜਾਂਚ ਸ਼ੁਰੂ ਕਰ ਦਿੱਤੀ ਹੈ ਲੋਕਾਂ ਨੇ ਸ਼ਲਾਘਾ ਕੀਤੀ ਸ਼ਹਿਰ ਦੀ ਖ਼ਬਰ ਨੂੰ ਵਿਸਥਾਰ ਨਾਲ ਪੜ੍ਹੋ ਇਸ ਮੌਕੇ ਸਮਾਗਮ ਵਿਚ ਸੰਗਤ ਨੇ ਹਾਜ਼ਰੀ ਭਰੀ ਅਤੇ ਪ੍ਰਬੰਧਕਾਂ ਵਲੋਂ ਕਾਰਵਾਈ ਕੀਤੀ ਗਈ ਪੁਲਿਸ ਨੇ ਮਾਮਲਾ ਦਰਜ ਕਰਕੇ ਜਾਂਚ ਸ਼ੁਰੂ ਕਰ ਦਿੱਤੀ ਹੈ ਲੋਕਾਂ ਨੇ ਸ਼ਲਾਘਾ ਕੀਤੀ ਸ਼ਹਿਰ ਦੀ ਖ਼ਬਰ ਨੂੰ ਵਿਸਥਾਰ ਨਾਲ ਪੜ੍ਹੋ ਇਸ ਮੌਕੇ ਸਮਾਗਮ ਵਿਚ ਸੰਗਤ ਨੇ ਹਾਜ਼ਰੀ ਭਰੀ ਅਤੇ ਪ੍ਰਬੰਧਕਾਂ ਵਲੋਂ ਕਾਰਵਾਈ ਕੀਤੀ ਗਈ ਪੁਲਿਸ ਨੇ ਮਾਮਲਾ ਦਰਜ ਕਰਕੇ ਜਾਂਚ ਸ਼ੁਰੂ ਕਰ ਦਿੱਤੀ ਹੈ ਲੋਕਾਂ ਨੇ ਸ਼ਲਾਘਾ ਕੀਤੀ ਸ਼ਹਿਰ ਦੀ ਖ਼ਬਰ ਨੂੰ ਵਿਸਥਾਰ ਨਾਲ ਪੜ੍ਹੋ ਇਸ ਮੌਕੇ ਸਮਾਗਮ ਵਿਚ ਸੰਗਤ ਨੇ ਹਾਜ਼ਰੀ ਭਰੀ ਅਤੇ ਪ੍ਰਬੰਧਕਾਂ ਵਲੋਂ ਕਾਰਵਾਈ ਕੀਤੀ ਗਈ ਪੁਲਿਸ ਨੇ ਮਾਮਲਾ ਦਰਜ ਕਰਕੇ ਜਾਂਚ ਸ਼ੁਰੂ ਕਰ ਦਿੱਤੀ ਹੈ ਲੋਕਾਂ ਨੇ ਸ਼ਲਾਘਾ ਕੀਤੀ
ਸ਼ਹਿਰ ਦੀ ਖ਼ਬਰ ਨੂੰ ਵਿਸਥਾਰ ਨਾਲ ਪੜ੍ਹੋ ਇਸ ਮੌਕੇ ਸਮਾਗਮ ਵਿਚ ਸੰਗਤ ਨੇ ਹਾਜ਼ਰੀ ਭਰੀ ਅਤੇ ਪ੍ਰਬੰਧਕਾਂ ਵਲੋਂ ਕਾਰਵਾਈ ਕੀਤੀ ਗਈ ਪੁਲਿਸ ਨੇ ਮਾਮਲਾ ਦਰਜ ਕਰਕੇ ਜਾਂਚ ਸ਼ੁਰੂ ਕਰ ਦਿੱਤੀ ਹੈ ਲੋਕਾਂ ਨੇ ਸ਼ਲਾਘਾ ਕੀਤੀ ਸ਼ਹਿਰ ਦੀ ਖ਼ਬਰ ਨੂੰ ਵਿਸਥਾਰ ਨਾਲ ਪੜ੍ਹੋ ਇਸ ਮੌਕੇ ਸਮਾਗਮ ਵਿਚ ਸੰਗਤ ਨੇ ਹਾਜ਼ਰੀ ਭਰੀ ਅਤੇ ਪ੍ਰਬੰਧਕਾਂ ਵਲੋਂ ਕਾਰਵਾਈ ਕੀਤੀ ਗਈ ਪੁਲਿਸ ਨੇ ਮਾਮਲਾ ਦਰਜ ਕਰਕੇ ਜਾਂਚ ਸ਼ੁਰੂ ਕਰ ਦਿੱਤੀ ਹੈ ਲੋਕਾਂ ਨੇ ਸ਼ਲਾਘਾ ਕੀਤੀ ਸ਼ਹਿਰ ਦੀ ਖ਼ਬਰ ਨੂੰ ਵਿਸਥਾਰ ਨਾਲ ਪੜ੍ਹੋ ਇਸ ਮੌਕੇ ਸਮਾਗਮ ਵਿਚ ਸੰਗਤ ਨੇ ਹਾਜ਼ਰੀ ਭਰੀ ਅਤੇ ਪ੍ਰਬੰਧਕਾਂ ਵਲੋਂ ਕਾਰਵਾਈ ਕੀਤੀ ਗਈ ਪੁਲਿਸ ਨੇ ਮਾਮਲਾ ਦਰਜ ਕਰਕੇ ਜਾਂਚ ਸ਼ੁਰੂ ਕਰ ਦਿੱਤੀ ਹੈ ਲੋਕਾਂ ਨੇ ਸ਼ਲਾਘਾ ਕੀਤੀ ਸ਼ਹਿਰ ਦੀ ਖ਼ਬਰ ਨੂੰ ਵਿਸਥਾਰ ਨਾਲ ਪੜ੍ਹੋ ਇਸ ਮੌਕੇ ਸਮਾਗਮ ਵਿਚ ਸੰਗਤ ਨੇ ਹਾਜ਼ਰੀ ਭਰੀ ਅਤੇ ਪ੍ਰਬੰਧਕਾਂ ਵਲੋਂ ਕਾਰਵਾਈ ਕੀਤੀ ਗਈ ਪੁਲਿਸ ਨੇ ਮਾਮਲਾ ਦਰਜ ਕਰਕੇ ਜਾਂਚ ਸ਼ੁਰੂ ਕਰ ਦਿੱਤੀ ਹੈ ਲੋਕਾਂ ਨੇ ਸ਼ਲਾਘਾ ਕੀਤੀ ਸ਼ਹਿਰ ਦੀ ਖ਼ਬਰ ਨੂੰ ਵਿਸਥਾਰ ਨਾਲ ਪੜ੍ਹੋ ਇਸ ਮੌਕੇ ਸਮਾਗਮ ਵਿਚ ਸੰਗਤ ਨੇ ਹਾਜ਼ਰੀ ਭਰੀ ਅਤੇ ਪ੍ਰਬੰਧਕਾਂ ਵਲੋਂ ਕਾਰਵਾਈ ਕੀਤੀ ਗਈ ਪੁਲਿਸ ਨੇ ਮਾਮਲਾ ਦਰਜ ਕਰਕੇ ਜਾਂਚ ਸ਼ੁਰੂ ਕਰ ਦਿੱਤੀ ਹੈ ਲੋਕਾਂ ਨੇ ਸ਼ਲਾਘਾ ਕੀਤੀ
ਸ਼ਹਿਰ ਦੀ ਖ਼ਬਰ ਨੂੰ ਵਿਸਥਾਰ ਨਾਲ ਪੜ੍ਹੋ ਇਸ ਮੌਕੇ ਸਮਾਗਮ ਵਿਚ ਸੰਗਤ ਨੇ ਹਾਜ਼ਰੀ ਭਰੀ ਅਤੇ ਪ੍ਰਬੰਧਕਾਂ ਵਲੋਂ ਕਾਰਵਾਈ ਕੀਤੀ ਗਈ ਪੁਲਿਸ ਨੇ ਮਾਮਲਾ ਦਰਜ ਕਰਕੇ ਜਾਂਚ ਸ਼ੁਰੂ ਕਰ ਦਿੱਤੀ ਹੈ ਲੋਕਾਂ ਨੇ ਸ਼ਲਾਘਾ ਕੀਤੀ ਸ਼ਹਿਰ ਦੀ ਖ਼ਬਰ ਨੂੰ ਵਿਸਥਾਰ ਨਾਲ ਪੜ੍ਹੋ ਇਸ ਮੌਕੇ ਸਮਾਗਮ ਵਿਚ ਸੰਗਤ ਨੇ ਹਾਜ਼ਰੀ ਭਰੀ ਅਤੇ ਪ੍ਰਬੰਧਕਾਂ ਵਲੋਂ ਕਾਰਵਾਈ ਕੀਤੀ ਗਈ ਪੁਲਿਸ ਨੇ ਮਾਮਲਾ ਦਰਜ ਕਰਕੇ ਜਾਂਚ ਸ਼ੁਰੂ ਕਰ ਦਿੱਤੀ ਹੈ ਲੋਕਾਂ ਨੇ ਸ਼ਲਾਘਾ ਕੀਤੀ ਸ਼ਹਿਰ ਦੀ ਖ਼ਬਰ ਨੂੰ ਵਿਸਥਾਰ ਨਾਲ ਪੜ੍ਹੋ ਇਸ ਮੌਕੇ ਸਮਾਗਮ ਵਿਚ ਸੰਗਤ ਨੇ ਹਾਜ਼ਰੀ ਭਰੀ ਅਤੇ ਪ੍ਰਬੰਧਕਾਂ ਵਲੋਂ ਕਾਰਵਾਈ ਕੀਤੀ ਗਈ ਪੁਲਿਸ ਨੇ ਮਾਮਲਾ ਦਰਜ ਕਰਕੇ ਜਾਂਚ ਸ਼ੁਰੂ ਕਰ ਦਿੱਤੀ ਹੈ ਲੋਕਾਂ ਨੇ ਸ਼ਲਾਘਾ ਕੀਤੀ ਸ਼ਹਿਰ ਦੀ ਖ਼ਬਰ ਨੂੰ ਵਿਸਥਾਰ ਨਾਲ ਪੜ੍ਹੋ ਇਸ ਮੌਕੇ ਸਮਾਗਮ ਵਿਚ ਸੰਗਤ ਨੇ ਹਾਜ਼ਰੀ ਭਰੀ ਅਤੇ ਪ੍ਰਬੰਧਕਾਂ ਵਲੋਂ ਕਾਰਵਾਈ ਕੀਤੀ ਗਈ ਪੁਲਿਸ ਨੇ ਮਾਮਲਾ ਦਰਜ ਕਰਕੇ ਜਾਂਚ ਸ਼ੁਰੂ ਕਰ ਦਿੱਤੀ ਹੈ ਲੋਕਾਂ ਨੇ ਸ਼ਲਾਘਾ ਕੀਤੀ ਸ਼ਹਿਰ ਦੀ ਖ਼ਬਰ ਨੂੰ ਵਿਸਥਾਰ ਨਾਲ ਪੜ੍ਹੋ ਇਸ ਮੌਕੇ ਸਮਾਗਮ ਵਿਚ ਸੰਗਤ ਨੇ ਹਾਜ਼ਰੀ ਭਰੀ ਅਤੇ ਪ੍ਰਬੰਧਕਾਂ ਵਲੋਂ ਕਾਰਵਾਈ ਕੀਤੀ ਗਈ ਪੁਲਿਸ ਨੇ ਮਾਮਲਾ ਦਰਜ ਕਰਕੇ ਜਾਂਚ ਸ਼ੁਰੂ ਕਰ ਦਿੱਤੀ ਹੈ ਲੋਕਾਂ ਨੇ ਸ਼ਲਾਘਾ ਕੀਤੀ
ਸ਼ਹਿਰ ਦੀ ਖ਼ਬਰ ਨੂੰ ਵਿਸਥਾਰ ਨਾਲ ਪੜ੍ਹੋ ਇਸ ਮੌਕੇ ਸਮਾਗਮ ਵਿਚ ਸੰਗਤ ਨੇ ਹਾਜ਼ਰੀ ਭਰੀ ਅਤੇ ਪ੍ਰਬੰਧਕਾਂ ਵਲੋਂ ਕਾਰਵਾਈ ਕੀਤੀ ਗਈ ਪੁਲਿਸ ਨੇ ਮਾਮਲਾ ਦਰਜ ਕਰਕੇ ਜਾਂਚ ਸ਼ੁਰੂ ਕਰ ਦਿੱਤੀ ਹੈ ਲੋਕਾਂ ਨੇ ਸ਼ਲਾਘਾ ਕੀਤੀ ਸ਼ਹਿਰ ਦੀ ਖ਼ਬਰ ਨੂੰ ਵਿਸਥਾਰ ਨਾਲ ਪੜ੍ਹੋ ਇਸ ਮੌਕੇ ਸਮਾਗਮ ਵਿਚ ਸੰਗਤ ਨੇ ਹਾਜ਼ਰੀ ਭਰੀ ਅਤੇ ਪ੍ਰਬੰਧਕਾਂ ਵਲੋਂ ਕਾਰਵਾਈ ਕੀਤੀ ਗਈ ਪੁਲਿਸ ਨੇ ਮਾਮਲਾ ਦਰਜ ਕਰਕੇ ਜਾਂਚ ਸ਼ੁਰੂ ਕਰ ਦਿੱਤੀ ਹੈ ਲੋਕਾਂ ਨੇ ਸ਼ਲਾਘਾ ਕੀਤੀ ਸ਼ਹਿਰ ਦੀ ਖ਼ਬਰ ਨੂੰ ਵਿਸਥਾਰ ਨਾਲ ਪੜ੍ਹੋ ਇਸ ਮੌਕੇ ਸਮਾਗਮ ਵਿਚ ਸੰਗਤ ਨੇ ਹਾਜ਼ਰੀ ਭਰੀ ਅਤੇ ਪ੍ਰਬੰਧਕਾਂ ਵਲੋਂ ਕਾਰਵਾਈ ਕੀਤੀ ਗਈ ਪੁਲਿਸ ਨੇ ਮਾਮਲਾ ਦਰਜ ਕਰਕੇ ਜਾਂਚ ਸ਼ੁਰੂ ਕਰ ਦਿੱਤੀ ਹੈ ਲੋਕਾਂ ਨੇ ਸ਼ਲਾਘਾ ਕੀਤੀ ਸ਼ਹਿਰ ਦੀ ਖ਼ਬਰ ਨੂੰ ਵਿਸਥਾਰ ਨਾਲ ਪੜ੍ਹੋ ਇਸ ਮੌਕੇ ਸਮਾਗਮ ਵਿਚ ਸੰਗਤ ਨੇ ਹਾਜ਼ਰੀ ਭਰੀ ਅਤੇ ਪ੍ਰਬੰਧਕਾਂ ਵਲੋਂ ਕਾਰਵਾਈ ਕੀਤੀ ਗਈ ਪੁਲਿਸ ਨੇ ਮਾਮਲਾ ਦਰਜ ਕਰਕੇ ਜਾਂਚ ਸ਼ੁਰੂ ਕਰ ਦਿੱਤੀ ਹੈ ਲੋਕਾਂ ਨੇ ਸ਼ਲਾਘਾ ਕੀਤੀ ਸ਼ਹਿਰ ਦੀ ਖ਼ਬਰ ਨੂੰ ਵਿਸਥਾਰ ਨਾਲ ਪੜ੍ਹੋ ਇਸ ਮੌਕੇ ਸਮਾਗਮ ਵਿਚ ਸੰਗਤ ਨੇ ਹਾਜ਼ਰੀ ਭਰੀ ਅਤੇ ਪ੍ਰਬੰਧਕਾਂ ਵਲੋਂ ਕਾਰਵਾਈ ਕੀਤੀ ਗਈ ਪੁਲਿਸ ਨੇ ਮਾਮਲਾ ਦਰਜ ਕਰਕੇ ਜਾਂਚ ਸ਼ੁਰੂ ਕਰ ਦਿੱਤੀ ਹੈ ਲੋਕਾਂ ਨੇ ਸ਼ਲਾਘਾ ਕੀਤੀ
ਸ਼ਹਿਰ ਦੀ ਖ਼ਬਰ ਨੂੰ ਵਿਸਥਾਰ ਨਾਲ ਪੜ੍ਹੋ ਇਸ ਮੌਕੇ ਸਮਾਗਮ ਵਿਚ ਸੰਗਤ ਨੇ ਹਾਜ਼ਰੀ ਭਰੀ ਅਤੇ ਪ੍ਰਬੰਧਕਾਂ ਵਲੋਂ ਕਾਰਵਾਈ ਕੀਤੀ ਗਈ ਪੁਲਿਸ ਨੇ ਮਾਮਲਾ ਦਰਜ ਕਰਕੇ ਜਾਂਚ ਸ਼ੁਰੂ ਕਰ ਦਿੱਤੀ ਹੈ ਲੋਕਾਂ ਨੇ ਸ਼ਲਾਘਾ ਕੀਤੀ ਸ਼ਹਿਰ ਦੀ ਖ਼ਬਰ ਨੂੰ ਵਿਸਥਾਰ ਨਾਲ ਪੜ੍ਹੋ ਇਸ ਮੌਕੇ ਸਮਾਗਮ ਵਿਚ ਸੰਗਤ ਨੇ ਹਾਜ਼ਰੀ ਭਰੀ ਅਤੇ ਪ੍ਰਬੰਧਕਾਂ ਵਲੋਂ ਕਾਰਵਾਈ ਕੀਤੀ ਗਈ ਪੁਲਿਸ ਨੇ ਮਾਮਲਾ ਦਰਜ ਕਰਕੇ ਜਾਂਚ ਸ਼ੁਰੂ ਕਰ ਦਿੱਤੀ ਹੈ ਲੋਕਾਂ ਨੇ ਸ਼ਲਾਘਾ ਕੀਤੀ ਸ਼ਹਿਰ ਦੀ ਖ਼ਬਰ ਨੂੰ ਵਿਸਥਾਰ ਨਾਲ ਪੜ੍ਹੋ ਇਸ ਮੌਕੇ ਸਮਾਗਮ ਵਿਚ ਸੰਗਤ ਨੇ ਹਾਜ਼ਰੀ ਭਰੀ ਅਤੇ ਪ੍ਰਬੰਧਕਾਂ ਵਲੋਂ ਕਾਰਵਾਈ ਕੀਤੀ ਗਈ ਪੁਲਿਸ ਨੇ ਮਾਮਲਾ ਦਰਜ ਕਰਕੇ ਜਾਂਚ ਸ਼ੁਰੂ ਕਰ ਦਿੱਤੀ ਹੈ ਲੋਕਾਂ ਨੇ ਸ਼ਲਾਘਾ ਕੀਤੀ ਸ਼ਹਿਰ ਦੀ ਖ਼ਬਰ ਨੂੰ ਵਿਸਥਾਰ ਨਾਲ ਪੜ੍ਹੋ ਇਸ ਮੌਕੇ ਸਮਾਗਮ ਵਿਚ ਸੰਗਤ ਨੇ ਹਾਜ਼ਰੀ ਭਰੀ ਅਤੇ ਪ੍ਰਬੰਧਕਾਂ ਵਲੋਂ ਕਾਰਵਾਈ ਕੀਤੀ ਗਈ ਪੁਲਿਸ ਨੇ ਮਾਮਲਾ ਦਰਜ ਕਰਕੇ ਜਾਂਚ ਸ਼ੁਰੂ ਕਰ ਦਿੱਤੀ ਹੈ ਲੋਕਾਂ ਨੇ ਸ਼ਲਾਘਾ ਕੀਤੀ ਸ਼ਹਿਰ ਦੀ ਖ਼ਬਰ ਨੂੰ ਵਿਸਥਾਰ ਨਾਲ ਪੜ੍ਹੋ ਇਸ ਮੌਕੇ ਸਮਾਗਮ ਵਿਚ ਸੰਗਤ ਨੇ ਹਾਜ਼ਰੀ ਭਰੀ ਅਤੇ ਪ੍ਰਬੰਧਕਾਂ ਵਲੋਂ ਕਾਰਵਾਈ ਕੀਤੀ ਗਈ ਪੁਲਿਸ ਨੇ ਮਾਮਲਾ ਦਰਜ ਕਰਕੇ ਜਾਂਚ ਸ਼ੁਰੂ ਕਰ ਦਿੱਤੀ ਹੈ ਲੋਕਾਂ ਨੇ ਸ਼ਲਾਘਾ ਕੀਤੀ
ਸ਼ਹਿਰ ਦੀ ਖ਼ਬਰ ਨੂੰ ਵਿਸਥਾਰ ਨਾਲ ਪੜ੍ਹੋ ਇਸ ਮੌਕੇ ਸਮਾਗਮ ਵਿਚ ਸੰਗਤ ਨੇ ਹਾਜ਼ਰੀ ਭਰੀ ਅਤੇ ਪ੍ਰਬੰਧਕਾਂ ਵਲੋਂ ਕਾਰਵਾਈ ਕੀਤੀ ਗਈ ਪੁਲਿਸ ਨੇ ਮਾਮਲਾ ਦਰਜ ਕਰਕੇ ਜਾਂਚ ਸ਼ੁਰੂ ਕਰ ਦਿੱਤੀ ਹੈ ਲੋਕਾਂ ਨੇ ਸ਼ਲਾਘਾ ਕੀਤੀ ਸ਼ਹਿਰ ਦੀ ਖ਼ਬਰ ਨੂੰ ਵਿਸਥਾਰ ਨਾਲ ਪੜ੍ਹੋ ਇਸ ਮੌਕੇ ਸਮਾਗਮ ਵਿਚ ਸੰਗਤ ਨੇ ਹਾਜ਼ਰੀ ਭਰੀ ਅਤੇ ਪ੍ਰਬੰਧਕਾਂ ਵਲੋਂ ਕਾਰਵਾਈ ਕੀਤੀ ਗਈ ਪੁਲਿਸ ਨੇ ਮਾਮਲਾ ਦਰਜ ਕਰਕੇ ਜਾਂਚ ਸ਼ੁਰੂ ਕਰ ਦਿੱਤੀ ਹੈ ਲੋਕਾਂ ਨੇ ਸ਼ਲਾਘਾ ਕੀਤੀ ਸ਼ਹਿਰ ਦੀ ਖ਼ਬਰ ਨੂੰ ਵਿਸਥਾਰ ਨਾਲ ਪੜ੍ਹੋ ਇਸ ਮੌਕੇ ਸਮਾਗਮ ਵਿਚ ਸੰਗਤ ਨੇ ਹਾਜ਼ਰੀ ਭਰੀ ਅਤੇ ਪ੍ਰਬੰਧਕਾਂ ਵਲੋਂ ਕਾਰਵਾਈ ਕੀਤੀ ਗਈ ਪੁਲਿਸ ਨੇ ਮਾਮਲਾ ਦਰਜ ਕਰਕੇ ਜਾਂਚ ਸ਼ੁਰੂ ਕਰ ਦਿੱਤੀ ਹੈ ਲੋਕਾਂ ਨੇ ਸ਼ਲਾਘਾ ਕੀਤੀ ਸ਼ਹਿਰ ਦੀ ਖ਼ਬਰ ਨੂੰ ਵਿਸਥਾਰ ਨਾਲ ਪੜ੍ਹੋ ਇਸ ਮੌਕੇ ਸਮਾਗਮ ਵਿਚ ਸੰਗਤ ਨੇ ਹਾਜ਼ਰੀ ਭਰੀ ਅਤੇ ਪ੍ਰਬੰਧਕਾਂ ਵਲੋਂ ਕਾਰਵਾਈ ਕੀਤੀ ਗਈ ਪੁਲਿਸ ਨੇ ਮਾਮਲਾ ਦਰਜ ਕਰਕੇ ਜਾਂਚ ਸ਼ੁਰੂ ਕਰ ਦਿੱਤੀ ਹੈ ਲੋਕਾਂ ਨੇ ਸ਼ਲਾਘਾ ਕੀਤੀ ਸ਼ਹਿਰ ਦੀ ਖ਼ਬਰ ਨੂੰ ਵਿਸਥਾਰ ਨਾਲ ਪੜ੍ਹੋ ਇਸ ਮੌਕੇ ਸਮਾਗਮ ਵਿਚ ਸੰਗਤ ਨੇ ਹਾਜ਼ਰੀ ਭਰੀ ਅਤੇ ਪ੍ਰਬੰਧਕਾਂ ਵਲੋਂ ਕਾਰਵਾਈ ਕੀਤੀ ਗਈ ਪੁਲਿਸ ਨੇ ਮਾਮਲਾ ਦਰਜ ਕਰਕੇ ਜਾਂਚ ਸ਼ੁਰੂ ਕਰ ਦਿੱਤੀ ਹੈ ਲੋਕਾਂ ਨੇ ਸ਼ਲਾਘਾ ਕੀਤੀ
ਮਾਨਸਾ ਵਿਖੇ ਭਾਰਤ ਹੈਲਥ ਕੇਅਰ ਦੇ ਵਿਦਿਆਰਥੀ ਮਰਹੂਮ ਸਿੱਧੂ ਮੂਸੇਵਾਲਾ ਦੇ ਪਰਿਵਾਰ ਨਾਲ ਯਾਦਗਾਰੀ ਤਸਵੀਰ ਖਿਚਵਾਉਂਦੇ ਹੋਏ। -ਅਜੀਤ ਤਸਵੀਰ
ਭਾਰਤ ਹੈਲਥ ਕੇਅਰ ਦੇ ਵਿਦਿਆਰਥੀਆਂ ਨੇ ਮਰਹੂਮ
ਗਾਇਕ ਸਿੱਧੂ ਮੂਸੇਵਾਲਾ ਦੇ ਘਰ ਦਾ ਕੀਤਾ ਦੌਰਾ
ਸ਼ਹਿਰ ਦੀ ਖ਼ਬਰ ਨੂੰ ਵਿਸਥਾਰ ਨਾਲ ਪੜ੍ਹੋ ਇਸ ਮੌਕੇ ਸਮਾਗਮ ਵਿਚ ਸੰਗਤ ਨੇ ਹਾਜ਼ਰੀ ਭਰੀ ਅਤੇ ਪ੍ਰਬੰਧਕਾਂ ਵਲੋਂ ਕਾਰਵਾਈ ਕੀਤੀ ਗਈ ਪੁਲਿਸ ਨੇ ਮਾਮਲਾ ਦਰਜ ਕਰਕੇ ਜਾਂਚ ਸ਼ੁਰੂ ਕਰ ਦਿੱਤੀ ਹੈ ਲੋਕਾਂ ਨੇ ਸ਼ਲਾਘਾ ਕੀਤੀ ਸ਼ਹਿਰ ਦੀ ਖ਼ਬਰ ਨੂੰ ਵਿਸਥਾਰ ਨਾਲ ਪੜ੍ਹੋ ਇਸ ਮੌਕੇ ਸਮਾਗਮ ਵਿਚ ਸੰਗਤ ਨੇ ਹਾਜ਼ਰੀ ਭਰੀ ਅਤੇ ਪ੍ਰਬੰਧਕਾਂ ਵਲੋਂ ਕਾਰਵਾਈ ਕੀਤੀ ਗਈ ਪੁਲਿਸ ਨੇ ਮਾਮਲਾ ਦਰਜ ਕਰਕੇ ਜਾਂਚ ਸ਼ੁਰੂ ਕਰ ਦਿੱਤੀ ਹੈ ਲੋਕਾਂ ਨੇ ਸ਼ਲਾਘਾ ਕੀਤੀ ਸ਼ਹਿਰ ਦੀ ਖ਼ਬਰ ਨੂੰ ਵਿਸਥਾਰ ਨਾਲ ਪੜ੍ਹੋ ਇਸ ਮੌਕੇ ਸਮਾਗਮ ਵਿਚ ਸੰਗਤ ਨੇ ਹਾਜ਼ਰੀ ਭਰੀ ਅਤੇ ਪ੍ਰਬੰਧਕਾਂ ਵਲੋਂ ਕਾਰਵਾਈ ਕੀਤੀ ਗਈ ਪੁਲਿਸ ਨੇ ਮਾਮਲਾ ਦਰਜ ਕਰਕੇ ਜਾਂਚ ਸ਼ੁਰੂ ਕਰ ਦਿੱਤੀ ਹੈ ਲੋਕਾਂ ਨੇ ਸ਼ਲਾਘਾ ਕੀਤੀ ਸ਼ਹਿਰ ਦੀ ਖ਼ਬਰ ਨੂੰ ਵਿਸਥਾਰ ਨਾਲ ਪੜ੍ਹੋ ਇਸ ਮੌਕੇ ਸਮਾਗਮ ਵਿਚ ਸੰਗਤ ਨੇ ਹਾਜ਼ਰੀ ਭਰੀ ਅਤੇ ਪ੍ਰਬੰਧਕਾਂ ਵਲੋਂ ਕਾਰਵਾਈ ਕੀਤੀ ਗਈ ਪੁਲਿਸ ਨੇ ਮਾਮਲਾ ਦਰਜ ਕਰਕੇ ਜਾਂਚ ਸ਼ੁਰੂ ਕਰ ਦਿੱਤੀ ਹੈ ਲੋਕਾਂ ਨੇ ਸ਼ਲਾਘਾ ਕੀਤੀ ਸ਼ਹਿਰ ਦੀ ਖ਼ਬਰ ਨੂੰ ਵਿਸਥਾਰ ਨਾਲ ਪੜ੍ਹੋ ਇਸ ਮੌਕੇ ਸਮਾਗਮ ਵਿਚ ਸੰਗਤ ਨੇ ਹਾਜ਼ਰੀ ਭਰੀ ਅਤੇ ਪ੍ਰਬੰਧਕਾਂ ਵਲੋਂ ਕਾਰਵਾਈ ਕੀਤੀ ਗਈ ਪੁਲਿਸ ਨੇ ਮਾਮਲਾ ਦਰਜ ਕਰਕੇ ਜਾਂਚ ਸ਼ੁਰੂ ਕਰ ਦਿੱਤੀ ਹੈ ਲੋਕਾਂ ਨੇ ਸ਼ਲਾਘਾ ਕੀਤੀ
ਸ਼ਹਿਰ ਦੀ ਖ਼ਬਰ ਨੂੰ ਵਿਸਥਾਰ ਨਾਲ ਪੜ੍ਹੋ ਇਸ ਮੌਕੇ ਸਮਾਗਮ ਵਿਚ ਸੰਗਤ ਨੇ ਹਾਜ਼ਰੀ ਭਰੀ ਅਤੇ ਪ੍ਰਬੰਧਕਾਂ ਵਲੋਂ ਕਾਰਵਾਈ ਕੀਤੀ ਗਈ ਪੁਲਿਸ ਨੇ ਮਾਮਲਾ ਦਰਜ ਕਰਕੇ ਜਾਂਚ ਸ਼ੁਰੂ ਕਰ ਦਿੱਤੀ ਹੈ ਲੋਕਾਂ ਨੇ ਸ਼ਲਾਘਾ ਕੀਤੀ ਸ਼ਹਿਰ ਦੀ ਖ਼ਬਰ ਨੂੰ ਵਿਸਥਾਰ ਨਾਲ ਪੜ੍ਹੋ ਇਸ ਮੌਕੇ ਸਮਾਗਮ ਵਿਚ ਸੰਗਤ ਨੇ ਹਾਜ਼ਰੀ ਭਰੀ ਅਤੇ ਪ੍ਰਬੰਧਕਾਂ ਵਲੋਂ ਕਾਰਵਾਈ ਕੀਤੀ ਗਈ ਪੁਲਿਸ ਨੇ ਮਾਮਲਾ ਦਰਜ ਕਰਕੇ ਜਾਂਚ ਸ਼ੁਰੂ ਕਰ ਦਿੱਤੀ ਹੈ ਲੋਕਾਂ ਨੇ ਸ਼ਲਾਘਾ ਕੀਤੀ ਸ਼ਹਿਰ ਦੀ ਖ਼ਬਰ ਨੂੰ ਵਿਸਥਾਰ ਨਾਲ ਪੜ੍ਹੋ ਇਸ ਮੌਕੇ ਸਮਾਗਮ ਵਿਚ ਸੰਗਤ ਨੇ ਹਾਜ਼ਰੀ ਭਰੀ ਅਤੇ ਪ੍ਰਬੰਧਕਾਂ ਵਲੋਂ ਕਾਰਵਾਈ ਕੀਤੀ ਗਈ ਪੁਲਿਸ ਨੇ ਮਾਮਲਾ ਦਰਜ ਕਰਕੇ ਜਾਂਚ ਸ਼ੁਰੂ ਕਰ ਦਿੱਤੀ ਹੈ ਲੋਕਾਂ ਨੇ ਸ਼ਲਾਘਾ ਕੀਤੀ ਸ਼ਹਿਰ ਦੀ ਖ਼ਬਰ ਨੂੰ ਵਿਸਥਾਰ ਨਾਲ ਪੜ੍ਹੋ ਇਸ ਮੌਕੇ ਸਮਾਗਮ ਵਿਚ ਸੰਗਤ ਨੇ ਹਾਜ਼ਰੀ ਭਰੀ ਅਤੇ ਪ੍ਰਬੰਧਕਾਂ ਵਲੋਂ ਕਾਰਵਾਈ ਕੀਤੀ ਗਈ ਪੁਲਿਸ ਨੇ ਮਾਮਲਾ ਦਰਜ ਕਰਕੇ ਜਾਂਚ ਸ਼ੁਰੂ ਕਰ ਦਿੱਤੀ ਹੈ ਲੋਕਾਂ ਨੇ ਸ਼ਲਾਘਾ ਕੀਤੀ ਸ਼ਹਿਰ ਦੀ ਖ਼ਬਰ ਨੂੰ ਵਿਸਥਾਰ ਨਾਲ ਪੜ੍ਹੋ ਇਸ ਮੌਕੇ ਸਮਾਗਮ ਵਿਚ ਸੰਗਤ ਨੇ ਹਾਜ਼ਰੀ ਭਰੀ ਅਤੇ ਪ੍ਰਬੰਧਕਾਂ ਵਲੋਂ ਕਾਰਵਾਈ ਕੀਤੀ ਗਈ ਪੁਲਿਸ ਨੇ ਮਾਮਲਾ ਦਰਜ ਕਰਕੇ ਜਾਂਚ ਸ਼ੁਰੂ ਕਰ ਦਿੱਤੀ ਹੈ ਲੋਕਾਂ ਨੇ ਸ਼ਲਾਘਾ ਕੀਤੀ
ਸ਼ਹਿਰ ਦੀ ਖ਼ਬਰ ਨੂੰ ਵਿਸਥਾਰ ਨਾਲ ਪੜ੍ਹੋ ਇਸ ਮੌਕੇ ਸਮਾਗਮ ਵਿਚ ਸੰਗਤ ਨੇ ਹਾਜ਼ਰੀ ਭਰੀ ਅਤੇ ਪ੍ਰਬੰਧਕਾਂ ਵਲੋਂ ਕਾਰਵਾਈ ਕੀਤੀ ਗਈ ਪੁਲਿਸ ਨੇ ਮਾਮਲਾ ਦਰਜ ਕਰਕੇ ਜਾਂਚ ਸ਼ੁਰੂ ਕਰ ਦਿੱਤੀ ਹੈ ਲੋਕਾਂ ਨੇ ਸ਼ਲਾਘਾ ਕੀਤੀ ਸ਼ਹਿਰ ਦੀ ਖ਼ਬਰ ਨੂੰ ਵਿਸਥਾਰ ਨਾਲ ਪੜ੍ਹੋ ਇਸ ਮੌਕੇ ਸਮਾਗਮ ਵਿਚ ਸੰਗਤ ਨੇ ਹਾਜ਼ਰੀ ਭਰੀ ਅਤੇ ਪ੍ਰਬੰਧਕਾਂ ਵਲੋਂ ਕਾਰਵਾਈ ਕੀਤੀ ਗਈ ਪੁਲਿਸ ਨੇ ਮਾਮਲਾ ਦਰਜ ਕਰਕੇ ਜਾਂਚ ਸ਼ੁਰੂ ਕਰ ਦਿੱਤੀ ਹੈ ਲੋਕਾਂ ਨੇ ਸ਼ਲਾਘਾ ਕੀਤੀ ਸ਼ਹਿਰ ਦੀ ਖ਼ਬਰ ਨੂੰ ਵਿਸਥਾਰ ਨਾਲ ਪੜ੍ਹੋ ਇਸ ਮੌਕੇ ਸਮਾਗਮ ਵਿਚ ਸੰਗਤ ਨੇ ਹਾਜ਼ਰੀ ਭਰੀ ਅਤੇ ਪ੍ਰਬੰਧਕਾਂ ਵਲੋਂ ਕਾਰਵਾਈ ਕੀਤੀ ਗਈ ਪੁਲਿਸ ਨੇ ਮਾਮਲਾ ਦਰਜ ਕਰਕੇ ਜਾਂਚ ਸ਼ੁਰੂ ਕਰ ਦਿੱਤੀ ਹੈ ਲੋਕਾਂ ਨੇ ਸ਼ਲਾਘਾ ਕੀਤੀ ਸ਼ਹਿਰ ਦੀ ਖ਼ਬਰ ਨੂੰ ਵਿਸਥਾਰ ਨਾਲ ਪੜ੍ਹੋ ਇਸ ਮੌਕੇ ਸਮਾਗਮ ਵਿਚ ਸੰਗਤ ਨੇ ਹਾਜ਼ਰੀ ਭਰੀ ਅਤੇ ਪ੍ਰਬੰਧਕਾਂ ਵਲੋਂ ਕਾਰਵਾਈ ਕੀਤੀ ਗਈ ਪੁਲਿਸ ਨੇ ਮਾਮਲਾ ਦਰਜ ਕਰਕੇ ਜਾਂਚ ਸ਼ੁਰੂ ਕਰ ਦਿੱਤੀ ਹੈ ਲੋਕਾਂ ਨੇ ਸ਼ਲਾਘਾ ਕੀਤੀ ਸ਼ਹਿਰ ਦੀ ਖ਼ਬਰ ਨੂੰ ਵਿਸਥਾਰ ਨਾਲ ਪੜ੍ਹੋ ਇਸ ਮੌਕੇ ਸਮਾਗਮ ਵਿਚ ਸੰਗਤ ਨੇ ਹਾਜ਼ਰੀ ਭਰੀ ਅਤੇ ਪ੍ਰਬੰਧਕਾਂ ਵਲੋਂ ਕਾਰਵਾਈ ਕੀਤੀ ਗਈ ਪੁਲਿਸ ਨੇ ਮਾਮਲਾ ਦਰਜ ਕਰਕੇ ਜਾਂਚ ਸ਼ੁਰੂ ਕਰ ਦਿੱਤੀ ਹੈ ਲੋਕਾਂ ਨੇ ਸ਼ਲਾਘਾ ਕੀਤੀ
'ਐਜੀ ਫੇਜ਼' ਨੇ ਇਕ ਹੋਰ ਵਿਦਿਆਰਥੀ ਦਾ ਲਗਵਾਇਆ ਯੂ.ਕੇ. ਦਾ ਸਟੱਡੀ ਵੀਜ਼ਾ
ਗਲੋਬਲ ਕਾਲੇ ਵਿਦਿਆਰਥੀ ਆਸਟ੍ਰੇਲੀਆ ਦਾ ਵੀਜ਼ਾ ਲੈਣ ਲਈ ਵੀ ਸੰਪਰਕ ਕਰਨ-ਐਮ.ਡੀ. ਜੱਗ
ਸ਼ਹਿਰ ਦੀ ਖ਼ਬਰ ਨੂੰ ਵਿਸਥਾਰ ਨਾਲ ਪੜ੍ਹੋ ਇਸ ਮੌਕੇ ਸਮਾਗਮ ਵਿਚ ਸੰਗਤ ਨੇ ਹਾਜ਼ਰੀ ਭਰੀ ਅਤੇ ਪ੍ਰਬੰਧਕਾਂ ਵਲੋਂ ਕਾਰਵਾਈ ਕੀਤੀ ਗਈ ਪੁਲਿਸ ਨੇ ਮਾਮਲਾ ਦਰਜ ਕਰਕੇ ਜਾਂਚ ਸ਼ੁਰੂ ਕਰ ਦਿੱਤੀ ਹੈ ਲੋਕਾਂ ਨੇ ਸ਼ਲਾਘਾ ਕੀਤੀ ਸ਼ਹਿਰ ਦੀ ਖ਼ਬਰ ਨੂੰ ਵਿਸਥਾਰ ਨਾਲ ਪੜ੍ਹੋ ਇਸ ਮੌਕੇ ਸਮਾਗਮ ਵਿਚ ਸੰਗਤ ਨੇ ਹਾਜ਼ਰੀ ਭਰੀ ਅਤੇ ਪ੍ਰਬੰਧਕਾਂ ਵਲੋਂ ਕਾਰਵਾਈ ਕੀਤੀ ਗਈ ਪੁਲਿਸ ਨੇ ਮਾਮਲਾ ਦਰਜ ਕਰਕੇ ਜਾਂਚ ਸ਼ੁਰੂ ਕਰ ਦਿੱਤੀ ਹੈ ਲੋਕਾਂ ਨੇ ਸ਼ਲਾਘਾ ਕੀਤੀ ਸ਼ਹਿਰ ਦੀ ਖ਼ਬਰ ਨੂੰ ਵਿਸਥਾਰ ਨਾਲ ਪੜ੍ਹੋ ਇਸ ਮੌਕੇ ਸਮਾਗਮ ਵਿਚ ਸੰਗਤ ਨੇ ਹਾਜ਼ਰੀ ਭਰੀ ਅਤੇ ਪ੍ਰਬੰਧਕਾਂ ਵਲੋਂ ਕਾਰਵਾਈ ਕੀਤੀ ਗਈ ਪੁਲਿਸ ਨੇ ਮਾਮਲਾ ਦਰਜ ਕਰਕੇ ਜਾਂਚ ਸ਼ੁਰੂ ਕਰ ਦਿੱਤੀ ਹੈ ਲੋਕਾਂ ਨੇ ਸ਼ਲਾਘਾ ਕੀਤੀ ਸ਼ਹਿਰ ਦੀ ਖ਼ਬਰ ਨੂੰ ਵਿਸਥਾਰ ਨਾਲ ਪੜ੍ਹੋ ਇਸ ਮੌਕੇ ਸਮਾਗਮ ਵਿਚ ਸੰਗਤ ਨੇ ਹਾਜ਼ਰੀ ਭਰੀ ਅਤੇ ਪ੍ਰਬੰਧਕਾਂ ਵਲੋਂ ਕਾਰਵਾਈ ਕੀਤੀ ਗਈ ਪੁਲਿਸ ਨੇ ਮਾਮਲਾ ਦਰਜ ਕਰਕੇ ਜਾਂਚ ਸ਼ੁਰੂ ਕਰ ਦਿੱਤੀ ਹੈ ਲੋਕਾਂ ਨੇ ਸ਼ਲਾਘਾ ਕੀਤੀ ਸ਼ਹਿਰ ਦੀ ਖ਼ਬਰ ਨੂੰ ਵਿਸਥਾਰ ਨਾਲ ਪੜ੍ਹੋ ਇਸ ਮੌਕੇ ਸਮਾਗਮ ਵਿਚ ਸੰਗਤ ਨੇ ਹਾਜ਼ਰੀ ਭਰੀ ਅਤੇ ਪ੍ਰਬੰਧਕਾਂ ਵਲੋਂ ਕਾਰਵਾਈ ਕੀਤੀ ਗਈ ਪੁਲਿਸ ਨੇ ਮਾਮਲਾ ਦਰਜ ਕਰਕੇ ਜਾਂਚ ਸ਼ੁਰੂ ਕਰ ਦਿੱਤੀ ਹੈ ਲੋਕਾਂ ਨੇ ਸ਼ਲਾਘਾ ਕੀਤੀ
ਸ਼ਹਿਰ ਦੀ ਖ਼ਬਰ ਨੂੰ ਵਿਸਥਾਰ ਨਾਲ ਪੜ੍ਹੋ ਇਸ ਮੌਕੇ ਸਮਾਗਮ ਵਿਚ ਸੰਗਤ ਨੇ ਹਾਜ਼ਰੀ ਭਰੀ ਅਤੇ ਪ੍ਰਬੰਧਕਾਂ ਵਲੋਂ ਕਾਰਵਾਈ ਕੀਤੀ ਗਈ ਪੁਲਿਸ ਨੇ ਮਾਮਲਾ ਦਰਜ ਕਰਕੇ ਜਾਂਚ ਸ਼ੁਰੂ ਕਰ ਦਿੱਤੀ ਹੈ ਲੋਕਾਂ ਨੇ ਸ਼ਲਾਘਾ ਕੀਤੀ ਸ਼ਹਿਰ ਦੀ ਖ਼ਬਰ ਨੂੰ ਵਿਸਥਾਰ ਨਾਲ ਪੜ੍ਹੋ ਇਸ ਮੌਕੇ ਸਮਾਗਮ ਵਿਚ ਸੰਗਤ ਨੇ ਹਾਜ਼ਰੀ ਭਰੀ ਅਤੇ ਪ੍ਰਬੰਧਕਾਂ ਵਲੋਂ ਕਾਰਵਾਈ ਕੀਤੀ ਗਈ ਪੁਲਿਸ ਨੇ ਮਾਮਲਾ ਦਰਜ ਕਰਕੇ ਜਾਂਚ ਸ਼ੁਰੂ ਕਰ ਦਿੱਤੀ ਹੈ ਲੋਕਾਂ ਨੇ ਸ਼ਲਾਘਾ ਕੀਤੀ ਸ਼ਹਿਰ ਦੀ ਖ਼ਬਰ ਨੂੰ ਵਿਸਥਾਰ ਨਾਲ ਪੜ੍ਹੋ ਇਸ ਮੌਕੇ ਸਮਾਗਮ ਵਿਚ ਸੰਗਤ ਨੇ ਹਾਜ਼ਰੀ ਭਰੀ ਅਤੇ ਪ੍ਰਬੰਧਕਾਂ ਵਲੋਂ ਕਾਰਵਾਈ ਕੀਤੀ ਗਈ ਪੁਲਿਸ ਨੇ ਮਾਮਲਾ ਦਰਜ ਕਰਕੇ ਜਾਂਚ ਸ਼ੁਰੂ ਕਰ ਦਿੱਤੀ ਹੈ ਲੋਕਾਂ ਨੇ ਸ਼ਲਾਘਾ ਕੀਤੀ ਸ਼ਹਿਰ ਦੀ ਖ਼ਬਰ ਨੂੰ ਵਿਸਥਾਰ ਨਾਲ ਪੜ੍ਹੋ ਇਸ ਮੌਕੇ ਸਮਾਗਮ ਵਿਚ ਸੰਗਤ ਨੇ ਹਾਜ਼ਰੀ ਭਰੀ ਅਤੇ ਪ੍ਰਬੰਧਕਾਂ ਵਲੋਂ ਕਾਰਵਾਈ ਕੀਤੀ ਗਈ ਪੁਲਿਸ ਨੇ ਮਾਮਲਾ ਦਰਜ ਕਰਕੇ ਜਾਂਚ ਸ਼ੁਰੂ ਕਰ ਦਿੱਤੀ ਹੈ ਲੋਕਾਂ ਨੇ ਸ਼ਲਾਘਾ ਕੀਤੀ ਸ਼ਹਿਰ ਦੀ ਖ਼ਬਰ ਨੂੰ ਵਿਸਥਾਰ ਨਾਲ ਪੜ੍ਹੋ ਇਸ ਮੌਕੇ ਸਮਾਗਮ ਵਿਚ ਸੰਗਤ ਨੇ ਹਾਜ਼ਰੀ ਭਰੀ ਅਤੇ ਪ੍ਰਬੰਧਕਾਂ ਵਲੋਂ ਕਾਰਵਾਈ ਕੀਤੀ ਗਈ ਪੁਲਿਸ ਨੇ ਮਾਮਲਾ ਦਰਜ ਕਰਕੇ ਜਾਂਚ ਸ਼ੁਰੂ ਕਰ ਦਿੱਤੀ ਹੈ ਲੋਕਾਂ ਨੇ ਸ਼ਲਾਘਾ ਕੀਤੀ
ਸ਼ਹਿਰ ਦੀ ਖ਼ਬਰ ਨੂੰ ਵਿਸਥਾਰ ਨਾਲ ਪੜ੍ਹੋ ਇਸ ਮੌਕੇ ਸਮਾਗਮ ਵਿਚ ਸੰਗਤ ਨੇ ਹਾਜ਼ਰੀ ਭਰੀ ਅਤੇ ਪ੍ਰਬੰਧਕਾਂ ਵਲੋਂ ਕਾਰਵਾਈ ਕੀਤੀ ਗਈ ਪੁਲਿਸ ਨੇ ਮਾਮਲਾ ਦਰਜ ਕਰਕੇ ਜਾਂਚ ਸ਼ੁਰੂ ਕਰ ਦਿੱਤੀ ਹੈ ਲੋਕਾਂ ਨੇ ਸ਼ਲਾਘਾ ਕੀਤੀ ਸ਼ਹਿਰ ਦੀ ਖ਼ਬਰ ਨੂੰ ਵਿਸਥਾਰ ਨਾਲ ਪੜ੍ਹੋ ਇਸ ਮੌਕੇ ਸਮਾਗਮ ਵਿਚ ਸੰਗਤ ਨੇ ਹਾਜ਼ਰੀ ਭਰੀ ਅਤੇ ਪ੍ਰਬੰਧਕਾਂ ਵਲੋਂ ਕਾਰਵਾਈ ਕੀਤੀ ਗਈ ਪੁਲਿਸ ਨੇ ਮਾਮਲਾ ਦਰਜ ਕਰਕੇ ਜਾਂਚ ਸ਼ੁਰੂ ਕਰ ਦਿੱਤੀ ਹੈ ਲੋਕਾਂ ਨੇ ਸ਼ਲਾਘਾ ਕੀਤੀ ਸ਼ਹਿਰ ਦੀ ਖ਼ਬਰ ਨੂੰ ਵਿਸਥਾਰ ਨਾਲ ਪੜ੍ਹੋ ਇਸ ਮੌਕੇ ਸਮਾਗਮ ਵਿਚ ਸੰਗਤ ਨੇ ਹਾਜ਼ਰੀ ਭਰੀ ਅਤੇ ਪ੍ਰਬੰਧਕਾਂ ਵਲੋਂ ਕਾਰਵਾਈ ਕੀਤੀ ਗਈ ਪੁਲਿਸ ਨੇ ਮਾਮਲਾ ਦਰਜ ਕਰਕੇ ਜਾਂਚ ਸ਼ੁਰੂ ਕਰ ਦਿੱਤੀ ਹੈ ਲੋਕਾਂ ਨੇ ਸ਼ਲਾਘਾ ਕੀਤੀ ਸ਼ਹਿਰ ਦੀ ਖ਼ਬਰ ਨੂੰ ਵਿਸਥਾਰ ਨਾਲ ਪੜ੍ਹੋ ਇਸ ਮੌਕੇ ਸਮਾਗਮ ਵਿਚ ਸੰਗਤ ਨੇ ਹਾਜ਼ਰੀ ਭਰੀ ਅਤੇ ਪ੍ਰਬੰਧਕਾਂ ਵਲੋਂ ਕਾਰਵਾਈ ਕੀਤੀ ਗਈ ਪੁਲਿਸ ਨੇ ਮਾਮਲਾ ਦਰਜ ਕਰਕੇ ਜਾਂਚ ਸ਼ੁਰੂ ਕਰ ਦਿੱਤੀ ਹੈ ਲੋਕਾਂ ਨੇ ਸ਼ਲਾਘਾ ਕੀਤੀ ਸ਼ਹਿਰ ਦੀ ਖ਼ਬਰ ਨੂੰ ਵਿਸਥਾਰ ਨਾਲ ਪੜ੍ਹੋ ਇਸ ਮੌਕੇ ਸਮਾਗਮ ਵਿਚ ਸੰਗਤ ਨੇ ਹਾਜ਼ਰੀ ਭਰੀ ਅਤੇ ਪ੍ਰਬੰਧਕਾਂ ਵਲੋਂ ਕਾਰਵਾਈ ਕੀਤੀ ਗਈ ਪੁਲਿਸ ਨੇ ਮਾਮਲਾ ਦਰਜ ਕਰਕੇ ਜਾਂਚ ਸ਼ੁਰੂ ਕਰ ਦਿੱਤੀ ਹੈ ਲੋਕਾਂ ਨੇ ਸ਼ਲਾਘਾ ਕੀਤੀ
ਸ਼ਹਿਰ ਦੀ ਖ਼ਬਰ ਨੂੰ ਵਿਸਥਾਰ ਨਾਲ ਪੜ੍ਹੋ ਇਸ ਮੌਕੇ ਸਮਾਗਮ ਵਿਚ ਸੰਗਤ ਨੇ ਹਾਜ਼ਰੀ ਭਰੀ ਅਤੇ ਪ੍ਰਬੰਧਕਾਂ ਵਲੋਂ ਕਾਰਵਾਈ ਕੀਤੀ ਗਈ ਪੁਲਿਸ ਨੇ ਮਾਮਲਾ ਦਰਜ ਕਰਕੇ ਜਾਂਚ ਸ਼ੁਰੂ ਕਰ ਦਿੱਤੀ ਹੈ ਲੋਕਾਂ ਨੇ ਸ਼ਲਾਘਾ ਕੀਤੀ ਸ਼ਹਿਰ ਦੀ ਖ਼ਬਰ ਨੂੰ ਵਿਸਥਾਰ ਨਾਲ ਪੜ੍ਹੋ ਇਸ ਮੌਕੇ ਸਮਾਗਮ ਵਿਚ ਸੰਗਤ ਨੇ ਹਾਜ਼ਰੀ ਭਰੀ ਅਤੇ ਪ੍ਰਬੰਧਕਾਂ ਵਲੋਂ ਕਾਰਵਾਈ ਕੀਤੀ ਗਈ ਪੁਲਿਸ ਨੇ ਮਾਮਲਾ ਦਰਜ ਕਰਕੇ ਜਾਂਚ ਸ਼ੁਰੂ ਕਰ ਦਿੱਤੀ ਹੈ ਲੋਕਾਂ ਨੇ ਸ਼ਲਾਘਾ ਕੀਤੀ ਸ਼ਹਿਰ ਦੀ ਖ਼ਬਰ ਨੂੰ ਵਿਸਥਾਰ ਨਾਲ ਪੜ੍ਹੋ ਇਸ ਮੌਕੇ ਸਮਾਗਮ ਵਿਚ ਸੰਗਤ ਨੇ ਹਾਜ਼ਰੀ ਭਰੀ ਅਤੇ ਪ੍ਰਬੰਧਕਾਂ ਵਲੋਂ ਕਾਰਵਾਈ ਕੀਤੀ ਗਈ ਪੁਲਿਸ ਨੇ ਮਾਮਲਾ ਦਰਜ ਕਰਕੇ ਜਾਂਚ ਸ਼ੁਰੂ ਕਰ ਦਿੱਤੀ ਹੈ ਲੋਕਾਂ ਨੇ ਸ਼ਲਾਘਾ ਕੀਤੀ ਸ਼ਹਿਰ ਦੀ ਖ਼ਬਰ ਨੂੰ ਵਿਸਥਾਰ ਨਾਲ ਪੜ੍ਹੋ ਇਸ ਮੌਕੇ ਸਮਾਗਮ ਵਿਚ ਸੰਗਤ ਨੇ ਹਾਜ਼ਰੀ ਭਰੀ ਅਤੇ ਪ੍ਰਬੰਧਕਾਂ ਵਲੋਂ ਕਾਰਵਾਈ ਕੀਤੀ ਗਈ ਪੁਲਿਸ ਨੇ ਮਾਮਲਾ ਦਰਜ ਕਰਕੇ ਜਾਂਚ ਸ਼ੁਰੂ ਕਰ ਦਿੱਤੀ ਹੈ ਲੋਕਾਂ ਨੇ ਸ਼ਲਾਘਾ ਕੀਤੀ ਸ਼ਹਿਰ ਦੀ ਖ਼ਬਰ ਨੂੰ ਵਿਸਥਾਰ ਨਾਲ ਪੜ੍ਹੋ ਇਸ ਮੌਕੇ ਸਮਾਗਮ ਵਿਚ ਸੰਗਤ ਨੇ ਹਾਜ਼ਰੀ ਭਰੀ ਅਤੇ ਪ੍ਰਬੰਧਕਾਂ ਵਲੋਂ ਕਾਰਵਾਈ ਕੀਤੀ ਗਈ ਪੁਲਿਸ ਨੇ ਮਾਮਲਾ ਦਰਜ ਕਰਕੇ ਜਾਂਚ ਸ਼ੁਰੂ ਕਰ ਦਿੱਤੀ ਹੈ ਲੋਕਾਂ ਨੇ ਸ਼ਲਾਘਾ ਕੀਤੀ
ਡੇਰਾ ਬਾਬਾ ਨਾਨਕ ਦੇ ਗੁਰਦੁਆਰਾ ਬਾਬਾ
ਸ੍ਰੀ ਚੰਦ ਵਿਖੇ ਅਚਾਨਕ ਅੱਗ ਲੱਗੀ
ਅੰਗੀਠਾ ਬਝਾਉ ਯੰਤਰ ਨੇ ਪਾਇਆ ਅੱਗ 'ਤੇ ਕਾਬੂ
ਸ਼ਹਿਰ ਦੀ ਖ਼ਬਰ ਨੂੰ ਵਿਸਥਾਰ ਨਾਲ ਪੜ੍ਹੋ ਇਸ ਮੌਕੇ ਸਮਾਗਮ ਵਿਚ ਸੰਗਤ ਨੇ ਹਾਜ਼ਰੀ ਭਰੀ ਅਤੇ ਪ੍ਰਬੰਧਕਾਂ ਵਲੋਂ ਕਾਰਵਾਈ ਕੀਤੀ ਗਈ ਪੁਲਿਸ ਨੇ ਮਾਮਲਾ ਦਰਜ ਕਰਕੇ ਜਾਂਚ ਸ਼ੁਰੂ ਕਰ ਦਿੱਤੀ ਹੈ ਲੋਕਾਂ ਨੇ ਸ਼ਲਾਘਾ ਕੀਤੀ ਸ਼ਹਿਰ ਦੀ ਖ਼ਬਰ ਨੂੰ ਵਿਸਥਾਰ ਨਾਲ ਪੜ੍ਹੋ ਇਸ ਮੌਕੇ ਸਮਾਗਮ ਵਿਚ ਸੰਗਤ ਨੇ ਹਾਜ਼ਰੀ ਭਰੀ ਅਤੇ ਪ੍ਰਬੰਧਕਾਂ ਵਲੋਂ ਕਾਰਵਾਈ ਕੀਤੀ ਗਈ ਪੁਲਿਸ ਨੇ ਮਾਮਲਾ ਦਰਜ ਕਰਕੇ ਜਾਂਚ ਸ਼ੁਰੂ ਕਰ ਦਿੱਤੀ ਹੈ ਲੋਕਾਂ ਨੇ ਸ਼ਲਾਘਾ ਕੀਤੀ ਸ਼ਹਿਰ ਦੀ ਖ਼ਬਰ ਨੂੰ ਵਿਸਥਾਰ ਨਾਲ ਪੜ੍ਹੋ ਇਸ ਮੌਕੇ ਸਮਾਗਮ ਵਿਚ ਸੰਗਤ ਨੇ ਹਾਜ਼ਰੀ ਭਰੀ ਅਤੇ ਪ੍ਰਬੰਧਕਾਂ ਵਲੋਂ ਕਾਰਵਾਈ ਕੀਤੀ ਗਈ ਪੁਲਿਸ ਨੇ ਮਾਮਲਾ ਦਰਜ ਕਰਕੇ ਜਾਂਚ ਸ਼ੁਰੂ ਕਰ ਦਿੱਤੀ ਹੈ ਲੋਕਾਂ ਨੇ ਸ਼ਲਾਘਾ ਕੀਤੀ ਸ਼ਹਿਰ ਦੀ ਖ਼ਬਰ ਨੂੰ ਵਿਸਥਾਰ ਨਾਲ ਪੜ੍ਹੋ ਇਸ ਮੌਕੇ ਸਮਾਗਮ ਵਿਚ ਸੰਗਤ ਨੇ ਹਾਜ਼ਰੀ ਭਰੀ ਅਤੇ ਪ੍ਰਬੰਧਕਾਂ ਵਲੋਂ ਕਾਰਵਾਈ ਕੀਤੀ ਗਈ ਪੁਲਿਸ ਨੇ ਮਾਮਲਾ ਦਰਜ ਕਰਕੇ ਜਾਂਚ ਸ਼ੁਰੂ ਕਰ ਦਿੱਤੀ ਹੈ ਲੋਕਾਂ ਨੇ ਸ਼ਲਾਘਾ ਕੀਤੀ ਸ਼ਹਿਰ ਦੀ ਖ਼ਬਰ ਨੂੰ ਵਿਸਥਾਰ ਨਾਲ ਪੜ੍ਹੋ ਇਸ ਮੌਕੇ ਸਮਾਗਮ ਵਿਚ ਸੰਗਤ ਨੇ ਹਾਜ਼ਰੀ ਭਰੀ ਅਤੇ ਪ੍ਰਬੰਧਕਾਂ ਵਲੋਂ ਕਾਰਵਾਈ ਕੀਤੀ ਗਈ ਪੁਲਿਸ ਨੇ ਮਾਮਲਾ ਦਰਜ ਕਰਕੇ ਜਾਂਚ ਸ਼ੁਰੂ ਕਰ ਦਿੱਤੀ ਹੈ ਲੋਕਾਂ ਨੇ ਸ਼ਲਾਘਾ ਕੀਤੀ
ਸ਼ਹਿਰ ਦੀ ਖ਼ਬਰ ਨੂੰ ਵਿਸਥਾਰ ਨਾਲ ਪੜ੍ਹੋ ਇਸ ਮੌਕੇ ਸਮਾਗਮ ਵਿਚ ਸੰਗਤ ਨੇ ਹਾਜ਼ਰੀ ਭਰੀ ਅਤੇ ਪ੍ਰਬੰਧਕਾਂ ਵਲੋਂ ਕਾਰਵਾਈ ਕੀਤੀ ਗਈ ਪੁਲਿਸ ਨੇ ਮਾਮਲਾ ਦਰਜ ਕਰਕੇ ਜਾਂਚ ਸ਼ੁਰੂ ਕਰ ਦਿੱਤੀ ਹੈ ਲੋਕਾਂ ਨੇ ਸ਼ਲਾਘਾ ਕੀਤੀ ਸ਼ਹਿਰ ਦੀ ਖ਼ਬਰ ਨੂੰ ਵਿਸਥਾਰ ਨਾਲ ਪੜ੍ਹੋ ਇਸ ਮੌਕੇ ਸਮਾਗਮ ਵਿਚ ਸੰਗਤ ਨੇ ਹਾਜ਼ਰੀ ਭਰੀ ਅਤੇ ਪ੍ਰਬੰਧਕਾਂ ਵਲੋਂ ਕਾਰਵਾਈ ਕੀਤੀ ਗਈ ਪੁਲਿਸ ਨੇ ਮਾਮਲਾ ਦਰਜ ਕਰਕੇ ਜਾਂਚ ਸ਼ੁਰੂ ਕਰ ਦਿੱਤੀ ਹੈ ਲੋਕਾਂ ਨੇ ਸ਼ਲਾਘਾ ਕੀਤੀ ਸ਼ਹਿਰ ਦੀ ਖ਼ਬਰ ਨੂੰ ਵਿਸਥਾਰ ਨਾਲ ਪੜ੍ਹੋ ਇਸ ਮੌਕੇ ਸਮਾਗਮ ਵਿਚ ਸੰਗਤ ਨੇ ਹਾਜ਼ਰੀ ਭਰੀ ਅਤੇ ਪ੍ਰਬੰਧਕਾਂ ਵਲੋਂ ਕਾਰਵਾਈ ਕੀਤੀ ਗਈ ਪੁਲਿਸ ਨੇ ਮਾਮਲਾ ਦਰਜ ਕਰਕੇ ਜਾਂਚ ਸ਼ੁਰੂ ਕਰ ਦਿੱਤੀ ਹੈ ਲੋਕਾਂ ਨੇ ਸ਼ਲਾਘਾ ਕੀਤੀ ਸ਼ਹਿਰ ਦੀ ਖ਼ਬਰ ਨੂੰ ਵਿਸਥਾਰ ਨਾਲ ਪੜ੍ਹੋ ਇਸ ਮੌਕੇ ਸਮਾਗਮ ਵਿਚ ਸੰਗਤ ਨੇ ਹਾਜ਼ਰੀ ਭਰੀ ਅਤੇ ਪ੍ਰਬੰਧਕਾਂ ਵਲੋਂ ਕਾਰਵਾਈ ਕੀਤੀ ਗਈ ਪੁਲਿਸ ਨੇ ਮਾਮਲਾ ਦਰਜ ਕਰਕੇ ਜਾਂਚ ਸ਼ੁਰੂ ਕਰ ਦਿੱਤੀ ਹੈ ਲੋਕਾਂ ਨੇ ਸ਼ਲਾਘਾ ਕੀਤੀ ਸ਼ਹਿਰ ਦੀ ਖ਼ਬਰ ਨੂੰ ਵਿਸਥਾਰ ਨਾਲ ਪੜ੍ਹੋ ਇਸ ਮੌਕੇ ਸਮਾਗਮ ਵਿਚ ਸੰਗਤ ਨੇ ਹਾਜ਼ਰੀ ਭਰੀ ਅਤੇ ਪ੍ਰਬੰਧਕਾਂ ਵਲੋਂ ਕਾਰਵਾਈ ਕੀਤੀ ਗਈ ਪੁਲਿਸ ਨੇ ਮਾਮਲਾ ਦਰਜ ਕਰਕੇ ਜਾਂਚ ਸ਼ੁਰੂ ਕਰ ਦਿੱਤੀ ਹੈ ਲੋਕਾਂ ਨੇ ਸ਼ਲਾਘਾ ਕੀਤੀ
ਕਾਰ ਤੇ ਮੋਟਰਸਾਈਕਲ ਦਰਮਿਆਨ ਵਾਪਰੇ
ਹਾਦਸੇ 'ਚ ਪਤੀ-ਪਤਨੀ ਜ਼ਖ਼ਮੀ
ਸ਼ਹਿਰ ਦੀ ਖ਼ਬਰ ਨੂੰ ਵਿਸਥਾਰ ਨਾਲ ਪੜ੍ਹੋ ਇਸ ਮੌਕੇ ਸਮਾਗਮ ਵਿਚ ਸੰਗਤ ਨੇ ਹਾਜ਼ਰੀ ਭਰੀ ਅਤੇ ਪ੍ਰਬੰਧਕਾਂ ਵਲੋਂ ਕਾਰਵਾਈ ਕੀਤੀ ਗਈ ਪੁਲਿਸ ਨੇ ਮਾਮਲਾ ਦਰਜ ਕਰਕੇ ਜਾਂਚ ਸ਼ੁਰੂ ਕਰ ਦਿੱਤੀ ਹੈ ਲੋਕਾਂ ਨੇ ਸ਼ਲਾਘਾ ਕੀਤੀ ਸ਼ਹਿਰ ਦੀ ਖ਼ਬਰ ਨੂੰ ਵਿਸਥਾਰ ਨਾਲ ਪੜ੍ਹੋ ਇਸ ਮੌਕੇ ਸਮਾਗਮ ਵਿਚ ਸੰਗਤ ਨੇ ਹਾਜ਼ਰੀ ਭਰੀ ਅਤੇ ਪ੍ਰਬੰਧਕਾਂ ਵਲੋਂ ਕਾਰਵਾਈ ਕੀਤੀ ਗਈ ਪੁਲਿਸ ਨੇ ਮਾਮਲਾ ਦਰਜ ਕਰਕੇ ਜਾਂਚ ਸ਼ੁਰੂ ਕਰ ਦਿੱਤੀ ਹੈ ਲੋਕਾਂ ਨੇ ਸ਼ਲਾਘਾ ਕੀਤੀ ਸ਼ਹਿਰ ਦੀ ਖ਼ਬਰ ਨੂੰ ਵਿਸਥਾਰ ਨਾਲ ਪੜ੍ਹੋ ਇਸ ਮੌਕੇ ਸਮਾਗਮ ਵਿਚ ਸੰਗਤ ਨੇ ਹਾਜ਼ਰੀ ਭਰੀ ਅਤੇ ਪ੍ਰਬੰਧਕਾਂ ਵਲੋਂ ਕਾਰਵਾਈ ਕੀਤੀ ਗਈ ਪੁਲਿਸ ਨੇ ਮਾਮਲਾ ਦਰਜ ਕਰਕੇ ਜਾਂਚ ਸ਼ੁਰੂ ਕਰ ਦਿੱਤੀ ਹੈ ਲੋਕਾਂ ਨੇ ਸ਼ਲਾਘਾ ਕੀਤੀ ਸ਼ਹਿਰ ਦੀ ਖ਼ਬਰ ਨੂੰ ਵਿਸਥਾਰ ਨਾਲ ਪੜ੍ਹੋ ਇਸ ਮੌਕੇ ਸਮਾਗਮ ਵਿਚ ਸੰਗਤ ਨੇ ਹਾਜ਼ਰੀ ਭਰੀ ਅਤੇ ਪ੍ਰਬੰਧਕਾਂ ਵਲੋਂ ਕਾਰਵਾਈ ਕੀਤੀ ਗਈ ਪੁਲਿਸ ਨੇ ਮਾਮਲਾ ਦਰਜ ਕਰਕੇ ਜਾਂਚ ਸ਼ੁਰੂ ਕਰ ਦਿੱਤੀ ਹੈ ਲੋਕਾਂ ਨੇ ਸ਼ਲਾਘਾ ਕੀਤੀ ਸ਼ਹਿਰ ਦੀ ਖ਼ਬਰ ਨੂੰ ਵਿਸਥਾਰ ਨਾਲ ਪੜ੍ਹੋ ਇਸ ਮੌਕੇ ਸਮਾਗਮ ਵਿਚ ਸੰਗਤ ਨੇ ਹਾਜ਼ਰੀ ਭਰੀ ਅਤੇ ਪ੍ਰਬੰਧਕਾਂ ਵਲੋਂ ਕਾਰਵਾਈ ਕੀਤੀ ਗਈ ਪੁਲਿਸ ਨੇ ਮਾਮਲਾ ਦਰਜ ਕਰਕੇ ਜਾਂਚ ਸ਼ੁਰੂ ਕਰ ਦਿੱਤੀ ਹੈ ਲੋਕਾਂ ਨੇ ਸ਼ਲਾਘਾ ਕੀਤੀ
ਸ਼ਹਿਰ ਦੀ ਖ਼ਬਰ ਨੂੰ ਵਿਸਥਾਰ ਨਾਲ ਪੜ੍ਹੋ ਇਸ ਮੌਕੇ ਸਮਾਗਮ ਵਿਚ ਸੰਗਤ ਨੇ ਹਾਜ਼ਰੀ ਭਰੀ ਅਤੇ ਪ੍ਰਬੰਧਕਾਂ ਵਲੋਂ ਕਾਰਵਾਈ ਕੀਤੀ ਗਈ ਪੁਲਿਸ ਨੇ ਮਾਮਲਾ ਦਰਜ ਕਰਕੇ ਜਾਂਚ ਸ਼ੁਰੂ ਕਰ ਦਿੱਤੀ ਹੈ ਲੋਕਾਂ ਨੇ ਸ਼ਲਾਘਾ ਕੀਤੀ ਸ਼ਹਿਰ ਦੀ ਖ਼ਬਰ ਨੂੰ ਵਿਸਥਾਰ ਨਾਲ ਪੜ੍ਹੋ ਇਸ ਮੌਕੇ ਸਮਾਗਮ ਵਿਚ ਸੰਗਤ ਨੇ ਹਾਜ਼ਰੀ ਭਰੀ ਅਤੇ ਪ੍ਰਬੰਧਕਾਂ ਵਲੋਂ ਕਾਰਵਾਈ ਕੀਤੀ ਗਈ ਪੁਲਿਸ ਨੇ ਮਾਮਲਾ ਦਰਜ ਕਰਕੇ ਜਾਂਚ ਸ਼ੁਰੂ ਕਰ ਦਿੱਤੀ ਹੈ ਲੋਕਾਂ ਨੇ ਸ਼ਲਾਘਾ ਕੀਤੀ ਸ਼ਹਿਰ ਦੀ ਖ਼ਬਰ ਨੂੰ ਵਿਸਥਾਰ ਨਾਲ ਪੜ੍ਹੋ ਇਸ ਮੌਕੇ ਸਮਾਗਮ ਵਿਚ ਸੰਗਤ ਨੇ ਹਾਜ਼ਰੀ ਭਰੀ ਅਤੇ ਪ੍ਰਬੰਧਕਾਂ ਵਲੋਂ ਕਾਰਵਾਈ ਕੀਤੀ ਗਈ ਪੁਲਿਸ ਨੇ ਮਾਮਲਾ ਦਰਜ ਕਰਕੇ ਜਾਂਚ ਸ਼ੁਰੂ ਕਰ ਦਿੱਤੀ ਹੈ ਲੋਕਾਂ ਨੇ ਸ਼ਲਾਘਾ ਕੀਤੀ ਸ਼ਹਿਰ ਦੀ ਖ਼ਬਰ ਨੂੰ ਵਿਸਥਾਰ ਨਾਲ ਪੜ੍ਹੋ ਇਸ ਮੌਕੇ ਸਮਾਗਮ ਵਿਚ ਸੰਗਤ ਨੇ ਹਾਜ਼ਰੀ ਭਰੀ ਅਤੇ ਪ੍ਰਬੰਧਕਾਂ ਵਲੋਂ ਕਾਰਵਾਈ ਕੀਤੀ ਗਈ ਪੁਲਿਸ ਨੇ ਮਾਮਲਾ ਦਰਜ ਕਰਕੇ ਜਾਂਚ ਸ਼ੁਰੂ ਕਰ ਦਿੱਤੀ ਹੈ ਲੋਕਾਂ ਨੇ ਸ਼ਲਾਘਾ ਕੀਤੀ ਸ਼ਹਿਰ ਦੀ ਖ਼ਬਰ ਨੂੰ ਵਿਸਥਾਰ ਨਾਲ ਪੜ੍ਹੋ ਇਸ ਮੌਕੇ ਸਮਾਗਮ ਵਿਚ ਸੰਗਤ ਨੇ ਹਾਜ਼ਰੀ ਭਰੀ ਅਤੇ ਪ੍ਰਬੰਧਕਾਂ ਵਲੋਂ ਕਾਰਵਾਈ ਕੀਤੀ ਗਈ ਪੁਲਿਸ ਨੇ ਮਾਮਲਾ ਦਰਜ ਕਰਕੇ ਜਾਂਚ ਸ਼ੁਰੂ ਕਰ ਦਿੱਤੀ ਹੈ ਲੋਕਾਂ ਨੇ ਸ਼ਲਾਘਾ ਕੀਤੀ
ਨਸ਼ਾ ਕਰਦਾ
ਨੌਜਵਾਨ ਗ੍ਰਿਫ਼ਤਾਰ
ਸ਼ਹਿਰ ਦੀ ਖ਼ਬਰ ਨੂੰ ਵਿਸਥਾਰ ਨਾਲ ਪੜ੍ਹੋ ਇਸ ਮੌਕੇ ਸਮਾਗਮ ਵਿਚ ਸੰਗਤ ਨੇ ਹਾਜ਼ਰੀ ਭਰੀ ਅਤੇ ਪ੍ਰਬੰਧਕਾਂ ਵਲੋਂ ਕਾਰਵਾਈ ਕੀਤੀ ਗਈ ਪੁਲਿਸ ਨੇ ਮਾਮਲਾ ਦਰਜ ਕਰਕੇ ਜਾਂਚ ਸ਼ੁਰੂ ਕਰ ਦਿੱਤੀ ਹੈ ਲੋਕਾਂ ਨੇ ਸ਼ਲਾਘਾ ਕੀਤੀ ਸ਼ਹਿਰ ਦੀ ਖ਼ਬਰ ਨੂੰ ਵਿਸਥਾਰ ਨਾਲ ਪੜ੍ਹੋ ਇਸ ਮੌਕੇ ਸਮਾਗਮ ਵਿਚ ਸੰਗਤ ਨੇ ਹਾਜ਼ਰੀ ਭਰੀ ਅਤੇ ਪ੍ਰਬੰਧਕਾਂ ਵਲੋਂ ਕਾਰਵਾਈ ਕੀਤੀ ਗਈ ਪੁਲਿਸ ਨੇ ਮਾਮਲਾ ਦਰਜ ਕਰਕੇ ਜਾਂਚ ਸ਼ੁਰੂ ਕਰ ਦਿੱਤੀ ਹੈ ਲੋਕਾਂ ਨੇ ਸ਼ਲਾਘਾ ਕੀਤੀ ਸ਼ਹਿਰ ਦੀ ਖ਼ਬਰ ਨੂੰ ਵਿਸਥਾਰ ਨਾਲ ਪੜ੍ਹੋ ਇਸ ਮੌਕੇ ਸਮਾਗਮ ਵਿਚ ਸੰਗਤ ਨੇ ਹਾਜ਼ਰੀ ਭਰੀ ਅਤੇ ਪ੍ਰਬੰਧਕਾਂ ਵਲੋਂ ਕਾਰਵਾਈ ਕੀਤੀ ਗਈ ਪੁਲਿਸ ਨੇ ਮਾਮਲਾ ਦਰਜ ਕਰਕੇ ਜਾਂਚ ਸ਼ੁਰੂ ਕਰ ਦਿੱਤੀ ਹੈ ਲੋਕਾਂ ਨੇ ਸ਼ਲਾਘਾ ਕੀਤੀ ਸ਼ਹਿਰ ਦੀ ਖ਼ਬਰ ਨੂੰ ਵਿਸਥਾਰ ਨਾਲ ਪੜ੍ਹੋ ਇਸ ਮੌਕੇ ਸਮਾਗਮ ਵਿਚ ਸੰਗਤ ਨੇ ਹਾਜ਼ਰੀ ਭਰੀ ਅਤੇ ਪ੍ਰਬੰਧਕਾਂ ਵਲੋਂ ਕਾਰਵਾਈ ਕੀਤੀ ਗਈ ਪੁਲਿਸ ਨੇ ਮਾਮਲਾ ਦਰਜ ਕਰਕੇ ਜਾਂਚ ਸ਼ੁਰੂ ਕਰ ਦਿੱਤੀ ਹੈ ਲੋਕਾਂ ਨੇ ਸ਼ਲਾਘਾ ਕੀਤੀ ਸ਼ਹਿਰ ਦੀ ਖ਼ਬਰ ਨੂੰ ਵਿਸਥਾਰ ਨਾਲ ਪੜ੍ਹੋ ਇਸ ਮੌਕੇ ਸਮਾਗਮ ਵਿਚ ਸੰਗਤ ਨੇ ਹਾਜ਼ਰੀ ਭਰੀ ਅਤੇ ਪ੍ਰਬੰਧਕਾਂ ਵਲੋਂ ਕਾਰਵਾਈ ਕੀਤੀ ਗਈ ਪੁਲਿਸ ਨੇ ਮਾਮਲਾ ਦਰਜ ਕਰਕੇ ਜਾਂਚ ਸ਼ੁਰੂ ਕਰ ਦਿੱਤੀ ਹੈ ਲੋਕਾਂ ਨੇ ਸ਼ਲਾਘਾ ਕੀਤੀ
ਜਨਤਕ ਸੂਚਨਾ
ਸ਼ਹਿਰ ਦੀ ਖ਼ਬਰ ਨੂੰ ਵਿਸਥਾਰ ਨਾਲ ਪੜ੍ਹੋ ਇਸ ਮੌਕੇ ਸਮਾਗਮ ਵਿਚ ਸੰਗਤ ਨੇ ਹਾਜ਼ਰੀ ਭਰੀ ਅਤੇ ਪ੍ਰਬੰਧਕਾਂ ਵਲੋਂ ਕਾਰਵਾਈ ਕੀਤੀ ਗਈ ਪੁਲਿਸ ਨੇ ਮਾਮਲਾ ਦਰਜ ਕਰਕੇ ਜਾਂਚ ਸ਼ੁਰੂ ਕਰ ਦਿੱਤੀ ਹੈ ਲੋਕਾਂ ਨੇ ਸ਼ਲਾਘਾ ਕੀਤੀ ਸ਼ਹਿਰ ਦੀ ਖ਼ਬਰ ਨੂੰ ਵਿਸਥਾਰ ਨਾਲ ਪੜ੍ਹੋ ਇਸ ਮੌਕੇ ਸਮਾਗਮ ਵਿਚ ਸੰਗਤ ਨੇ ਹਾਜ਼ਰੀ ਭਰੀ ਅਤੇ ਪ੍ਰਬੰਧਕਾਂ ਵਲੋਂ ਕਾਰਵਾਈ ਕੀਤੀ ਗਈ ਪੁਲਿਸ ਨੇ ਮਾਮਲਾ ਦਰਜ ਕਰਕੇ ਜਾਂਚ ਸ਼ੁਰੂ ਕਰ ਦਿੱਤੀ ਹੈ ਲੋਕਾਂ ਨੇ ਸ਼ਲਾਘਾ ਕੀਤੀ ਸ਼ਹਿਰ ਦੀ ਖ਼ਬਰ ਨੂੰ ਵਿਸਥਾਰ ਨਾਲ ਪੜ੍ਹੋ ਇਸ ਮੌਕੇ ਸਮਾਗਮ ਵਿਚ ਸੰਗਤ ਨੇ ਹਾਜ਼ਰੀ ਭਰੀ ਅਤੇ ਪ੍ਰਬੰਧਕਾਂ ਵਲੋਂ ਕਾਰਵਾਈ ਕੀਤੀ ਗਈ ਪੁਲਿਸ ਨੇ ਮਾਮਲਾ ਦਰਜ ਕਰਕੇ ਜਾਂਚ ਸ਼ੁਰੂ ਕਰ ਦਿੱਤੀ ਹੈ ਲੋਕਾਂ ਨੇ ਸ਼ਲਾਘਾ ਕੀਤੀ ਸ਼ਹਿਰ ਦੀ ਖ਼ਬਰ ਨੂੰ ਵਿਸਥਾਰ ਨਾਲ ਪੜ੍ਹੋ ਇਸ ਮੌਕੇ ਸਮਾਗਮ ਵਿਚ ਸੰਗਤ ਨੇ ਹਾਜ਼ਰੀ ਭਰੀ ਅਤੇ ਪ੍ਰਬੰਧਕਾਂ ਵਲੋਂ ਕਾਰਵਾਈ ਕੀਤੀ ਗਈ ਪੁਲਿਸ ਨੇ ਮਾਮਲਾ ਦਰਜ ਕਰਕੇ ਜਾਂਚ ਸ਼ੁਰੂ ਕਰ ਦਿੱਤੀ ਹੈ ਲੋਕਾਂ ਨੇ ਸ਼ਲਾਘਾ ਕੀਤੀ ਸ਼ਹਿਰ ਦੀ ਖ਼ਬਰ ਨੂੰ ਵਿਸਥਾਰ ਨਾਲ ਪੜ੍ਹੋ ਇਸ ਮੌਕੇ ਸਮਾਗਮ ਵਿਚ ਸੰਗਤ ਨੇ ਹਾਜ਼ਰੀ ਭਰੀ ਅਤੇ ਪ੍ਰਬੰਧਕਾਂ ਵਲੋਂ ਕਾਰਵਾਈ ਕੀਤੀ ਗਈ ਪੁਲਿਸ ਨੇ ਮਾਮਲਾ ਦਰਜ ਕਰਕੇ ਜਾਂਚ ਸ਼ੁਰੂ ਕਰ ਦਿੱਤੀ ਹੈ ਲੋਕਾਂ ਨੇ ਸ਼ਲਾਘਾ ਕੀਤੀ
ਹੈਰੋਇਨ ਸਮੇਤ 2 ਗ੍ਰਿਫ਼ਤਾਰ
ਸ਼ਹਿਰ ਦੀ ਖ਼ਬਰ ਨੂੰ ਵਿਸਥਾਰ ਨਾਲ ਪੜ੍ਹੋ ਇਸ ਮੌਕੇ ਸਮਾਗਮ ਵਿਚ ਸੰਗਤ ਨੇ ਹਾਜ਼ਰੀ ਭਰੀ ਅਤੇ ਪ੍ਰਬੰਧਕਾਂ ਵਲੋਂ ਕਾਰਵਾਈ ਕੀਤੀ ਗਈ ਪੁਲਿਸ ਨੇ ਮਾਮਲਾ ਦਰਜ ਕਰਕੇ ਜਾਂਚ ਸ਼ੁਰੂ ਕਰ ਦਿੱਤੀ ਹੈ ਲੋਕਾਂ ਨੇ ਸ਼ਲਾਘਾ ਕੀਤੀ ਸ਼ਹਿਰ ਦੀ ਖ਼ਬਰ ਨੂੰ ਵਿਸਥਾਰ ਨਾਲ ਪੜ੍ਹੋ ਇਸ ਮੌਕੇ ਸਮਾਗਮ ਵਿਚ ਸੰਗਤ ਨੇ ਹਾਜ਼ਰੀ ਭਰੀ ਅਤੇ ਪ੍ਰਬੰਧਕਾਂ ਵਲੋਂ ਕਾਰਵਾਈ ਕੀਤੀ ਗਈ ਪੁਲਿਸ ਨੇ ਮਾਮਲਾ ਦਰਜ ਕਰਕੇ ਜਾਂਚ ਸ਼ੁਰੂ ਕਰ ਦਿੱਤੀ ਹੈ ਲੋਕਾਂ ਨੇ ਸ਼ਲਾਘਾ ਕੀਤੀ ਸ਼ਹਿਰ ਦੀ ਖ਼ਬਰ ਨੂੰ ਵਿਸਥਾਰ ਨਾਲ ਪੜ੍ਹੋ ਇਸ ਮੌਕੇ ਸਮਾਗਮ ਵਿਚ ਸੰਗਤ ਨੇ ਹਾਜ਼ਰੀ ਭਰੀ ਅਤੇ ਪ੍ਰਬੰਧਕਾਂ ਵਲੋਂ ਕਾਰਵਾਈ ਕੀਤੀ ਗਈ ਪੁਲਿਸ ਨੇ ਮਾਮਲਾ ਦਰਜ ਕਰਕੇ ਜਾਂਚ ਸ਼ੁਰੂ ਕਰ ਦਿੱਤੀ ਹੈ ਲੋਕਾਂ ਨੇ ਸ਼ਲਾਘਾ ਕੀਤੀ ਸ਼ਹਿਰ ਦੀ ਖ਼ਬਰ ਨੂੰ ਵਿਸਥਾਰ ਨਾਲ ਪੜ੍ਹੋ ਇਸ ਮੌਕੇ ਸਮਾਗਮ ਵਿਚ ਸੰਗਤ ਨੇ ਹਾਜ਼ਰੀ ਭਰੀ ਅਤੇ ਪ੍ਰਬੰਧਕਾਂ ਵਲੋਂ ਕਾਰਵਾਈ ਕੀਤੀ ਗਈ ਪੁਲਿਸ ਨੇ ਮਾਮਲਾ ਦਰਜ ਕਰਕੇ ਜਾਂਚ ਸ਼ੁਰੂ ਕਰ ਦਿੱਤੀ ਹੈ ਲੋਕਾਂ ਨੇ ਸ਼ਲਾਘਾ ਕੀਤੀ ਸ਼ਹਿਰ ਦੀ ਖ਼ਬਰ ਨੂੰ ਵਿਸਥਾਰ ਨਾਲ ਪੜ੍ਹੋ ਇਸ ਮੌਕੇ ਸਮਾਗਮ ਵਿਚ ਸੰਗਤ ਨੇ ਹਾਜ਼ਰੀ ਭਰੀ ਅਤੇ ਪ੍ਰਬੰਧਕਾਂ ਵਲੋਂ ਕਾਰਵਾਈ ਕੀਤੀ ਗਈ ਪੁਲਿਸ ਨੇ ਮਾਮਲਾ ਦਰਜ ਕਰਕੇ ਜਾਂਚ ਸ਼ੁਰੂ ਕਰ ਦਿੱਤੀ ਹੈ ਲੋਕਾਂ ਨੇ ਸ਼ਲਾਘਾ ਕੀਤੀ
ਸ਼ਹਿਰ ਦੀ ਖ਼ਬਰ ਨੂੰ ਵਿਸਥਾਰ ਨਾਲ ਪੜ੍ਹੋ ਇਸ ਮੌਕੇ ਸਮਾਗਮ ਵਿਚ ਸੰਗਤ ਨੇ ਹਾਜ਼ਰੀ ਭਰੀ ਅਤੇ ਪ੍ਰਬੰਧਕਾਂ ਵਲੋਂ ਕਾਰਵਾਈ ਕੀਤੀ ਗਈ ਪੁਲਿਸ ਨੇ ਮਾਮਲਾ ਦਰਜ ਕਰਕੇ ਜਾਂਚ ਸ਼ੁਰੂ ਕਰ ਦਿੱਤੀ ਹੈ ਲੋਕਾਂ ਨੇ ਸ਼ਲਾਘਾ ਕੀਤੀ ਸ਼ਹਿਰ ਦੀ ਖ਼ਬਰ ਨੂੰ ਵਿਸਥਾਰ ਨਾਲ ਪੜ੍ਹੋ ਇਸ ਮੌਕੇ ਸਮਾਗਮ ਵਿਚ ਸੰਗਤ ਨੇ ਹਾਜ਼ਰੀ ਭਰੀ ਅਤੇ ਪ੍ਰਬੰਧਕਾਂ ਵਲੋਂ ਕਾਰਵਾਈ ਕੀਤੀ ਗਈ ਪੁਲਿਸ ਨੇ ਮਾਮਲਾ ਦਰਜ ਕਰਕੇ ਜਾਂਚ ਸ਼ੁਰੂ ਕਰ ਦਿੱਤੀ ਹੈ ਲੋਕਾਂ ਨੇ ਸ਼ਲਾਘਾ ਕੀਤੀ ਸ਼ਹਿਰ ਦੀ ਖ਼ਬਰ ਨੂੰ ਵਿਸਥਾਰ ਨਾਲ ਪੜ੍ਹੋ ਇਸ ਮੌਕੇ ਸਮਾਗਮ ਵਿਚ ਸੰਗਤ ਨੇ ਹਾਜ਼ਰੀ ਭਰੀ ਅਤੇ ਪ੍ਰਬੰਧਕਾਂ ਵਲੋਂ ਕਾਰਵਾਈ ਕੀਤੀ ਗਈ ਪੁਲਿਸ ਨੇ ਮਾਮਲਾ ਦਰਜ ਕਰਕੇ ਜਾਂਚ ਸ਼ੁਰੂ ਕਰ ਦਿੱਤੀ ਹੈ ਲੋਕਾਂ ਨੇ ਸ਼ਲਾਘਾ ਕੀਤੀ ਸ਼ਹਿਰ ਦੀ ਖ਼ਬਰ ਨੂੰ ਵਿਸਥਾਰ ਨਾਲ ਪੜ੍ਹੋ ਇਸ ਮੌਕੇ ਸਮਾਗਮ ਵਿਚ ਸੰਗਤ ਨੇ ਹਾਜ਼ਰੀ ਭਰੀ ਅਤੇ ਪ੍ਰਬੰਧਕਾਂ ਵਲੋਂ ਕਾਰਵਾਈ ਕੀਤੀ ਗਈ ਪੁਲਿਸ ਨੇ ਮਾਮਲਾ ਦਰਜ ਕਰਕੇ ਜਾਂਚ ਸ਼ੁਰੂ ਕਰ ਦਿੱਤੀ ਹੈ ਲੋਕਾਂ ਨੇ ਸ਼ਲਾਘਾ ਕੀਤੀ ਸ਼ਹਿਰ ਦੀ ਖ਼ਬਰ ਨੂੰ ਵਿਸਥਾਰ ਨਾਲ ਪੜ੍ਹੋ ਇਸ ਮੌਕੇ ਸਮਾਗਮ ਵਿਚ ਸੰਗਤ ਨੇ ਹਾਜ਼ਰੀ ਭਰੀ ਅਤੇ ਪ੍ਰਬੰਧਕਾਂ ਵਲੋਂ ਕਾਰਵਾਈ ਕੀਤੀ ਗਈ ਪੁਲਿਸ ਨੇ ਮਾਮਲਾ ਦਰਜ ਕਰਕੇ ਜਾਂਚ ਸ਼ੁਰੂ ਕਰ ਦਿੱਤੀ ਹੈ ਲੋਕਾਂ ਨੇ ਸ਼ਲਾਘਾ ਕੀਤੀ
-ਅਜੀਤ ਤਸਵੀਰ
-ਅਜੀਤ ਤਸਵੀਰ
ਟੈਂਡਰ ਨੋਟਿਸ
ਸ਼ਹਿਰ ਦੀ ਖ਼ਬਰ ਨੂੰ ਵਿਸਥਾਰ ਨਾਲ ਪੜ੍ਹੋ ਇਸ ਮੌਕੇ ਸਮਾਗਮ ਵਿਚ ਸੰਗਤ ਨੇ ਹਾਜ਼ਰੀ ਭਰੀ ਅਤੇ ਪ੍ਰਬੰਧਕਾਂ ਵਲੋਂ ਕਾਰਵਾਈ ਕੀਤੀ ਗਈ ਪੁਲਿਸ ਨੇ ਮਾਮਲਾ ਦਰਜ ਕਰਕੇ ਜਾਂਚ ਸ਼ੁਰੂ ਕਰ ਦਿੱਤੀ ਹੈ ਲੋਕਾਂ ਨੇ ਸ਼ਲਾਘਾ ਕੀਤੀ ਸ਼ਹਿਰ ਦੀ ਖ਼ਬਰ ਨੂੰ ਵਿਸਥਾਰ ਨਾਲ ਪੜ੍ਹੋ ਇਸ ਮੌਕੇ ਸਮਾਗਮ ਵਿਚ ਸੰਗਤ ਨੇ ਹਾਜ਼ਰੀ ਭਰੀ ਅਤੇ ਪ੍ਰਬੰਧਕਾਂ ਵਲੋਂ ਕਾਰਵਾਈ ਕੀਤੀ ਗਈ ਪੁਲਿਸ ਨੇ ਮਾਮਲਾ ਦਰਜ ਕਰਕੇ ਜਾਂਚ ਸ਼ੁਰੂ ਕਰ ਦਿੱਤੀ ਹੈ ਲੋਕਾਂ ਨੇ ਸ਼ਲਾਘਾ ਕੀਤੀ ਸ਼ਹਿਰ ਦੀ ਖ਼ਬਰ ਨੂੰ ਵਿਸਥਾਰ ਨਾਲ ਪੜ੍ਹੋ ਇਸ ਮੌਕੇ ਸਮਾਗਮ ਵਿਚ ਸੰਗਤ ਨੇ ਹਾਜ਼ਰੀ ਭਰੀ ਅਤੇ ਪ੍ਰਬੰਧਕਾਂ ਵਲੋਂ ਕਾਰਵਾਈ ਕੀਤੀ ਗਈ ਪੁਲਿਸ ਨੇ ਮਾਮਲਾ ਦਰਜ ਕਰਕੇ ਜਾਂਚ ਸ਼ੁਰੂ ਕਰ ਦਿੱਤੀ ਹੈ ਲੋਕਾਂ ਨੇ ਸ਼ਲਾਘਾ ਕੀਤੀ ਸ਼ਹਿਰ ਦੀ ਖ਼ਬਰ ਨੂੰ ਵਿਸਥਾਰ ਨਾਲ ਪੜ੍ਹੋ ਇਸ ਮੌਕੇ ਸਮਾਗਮ ਵਿਚ ਸੰਗਤ ਨੇ ਹਾਜ਼ਰੀ ਭਰੀ ਅਤੇ ਪ੍ਰਬੰਧਕਾਂ ਵਲੋਂ ਕਾਰਵਾਈ ਕੀਤੀ ਗਈ ਪੁਲਿਸ ਨੇ ਮਾਮਲਾ ਦਰਜ ਕਰਕੇ ਜਾਂਚ ਸ਼ੁਰੂ ਕਰ ਦਿੱਤੀ ਹੈ ਲੋਕਾਂ ਨੇ ਸ਼ਲਾਘਾ ਕੀਤੀ ਸ਼ਹਿਰ ਦੀ ਖ਼ਬਰ ਨੂੰ ਵਿਸਥਾਰ ਨਾਲ ਪੜ੍ਹੋ ਇਸ ਮੌਕੇ ਸਮਾਗਮ ਵਿਚ ਸੰਗਤ ਨੇ ਹਾਜ਼ਰੀ ਭਰੀ ਅਤੇ ਪ੍ਰਬੰਧਕਾਂ ਵਲੋਂ ਕਾਰਵਾਈ ਕੀਤੀ ਗਈ ਪੁਲਿਸ ਨੇ ਮਾਮਲਾ ਦਰਜ ਕਰਕੇ ਜਾਂਚ ਸ਼ੁਰੂ ਕਰ ਦਿੱਤੀ ਹੈ ਲੋਕਾਂ ਨੇ ਸ਼ਲਾਘਾ ਕੀਤੀ	ਜ਼ਿਲ੍ਹਾ ਪ੍ਰੀਸ਼ਦ ਗੁਰਦਾਸਪੁਰ
ਸ਼ਹਿਰ ਦੀ ਖ਼ਬਰ ਨੂੰ ਵਿਸਥਾਰ ਨਾਲ ਪੜ੍ਹੋ ਇਸ ਮੌਕੇ ਸਮਾਗਮ ਵਿਚ ਸੰਗਤ ਨੇ ਹਾਜ਼ਰੀ ਭਰੀ ਅਤੇ ਪ੍ਰਬੰਧਕਾਂ ਵਲੋਂ ਕਾਰਵਾਈ ਕੀਤੀ ਗਈ ਪੁਲਿਸ ਨੇ ਮਾਮਲਾ ਦਰਜ ਕਰਕੇ ਜਾਂਚ ਸ਼ੁਰੂ ਕਰ ਦਿੱਤੀ ਹੈ ਲੋਕਾਂ ਨੇ ਸ਼ਲਾਘਾ ਕੀਤੀ ਸ਼ਹਿਰ ਦੀ ਖ਼ਬਰ ਨੂੰ ਵਿਸਥਾਰ ਨਾਲ ਪੜ੍ਹੋ ਇਸ ਮੌਕੇ ਸਮਾਗਮ ਵਿਚ ਸੰਗਤ ਨੇ ਹਾਜ਼ਰੀ ਭਰੀ ਅਤੇ ਪ੍ਰਬੰਧਕਾਂ ਵਲੋਂ ਕਾਰਵਾਈ ਕੀਤੀ ਗਈ ਪੁਲਿਸ ਨੇ ਮਾਮਲਾ ਦਰਜ ਕਰਕੇ ਜਾਂਚ ਸ਼ੁਰੂ ਕਰ ਦਿੱਤੀ ਹੈ ਲੋਕਾਂ ਨੇ ਸ਼ਲਾਘਾ ਕੀਤੀ ਸ਼ਹਿਰ ਦੀ ਖ਼ਬਰ ਨੂੰ ਵਿਸਥਾਰ ਨਾਲ ਪੜ੍ਹੋ ਇਸ ਮੌਕੇ ਸਮਾਗਮ ਵਿਚ ਸੰਗਤ ਨੇ ਹਾਜ਼ਰੀ ਭਰੀ ਅਤੇ ਪ੍ਰਬੰਧਕਾਂ ਵਲੋਂ ਕਾਰਵਾਈ ਕੀਤੀ ਗਈ ਪੁਲਿਸ ਨੇ ਮਾਮਲਾ ਦਰਜ ਕਰਕੇ ਜਾਂਚ ਸ਼ੁਰੂ ਕਰ ਦਿੱਤੀ ਹੈ ਲੋਕਾਂ ਨੇ ਸ਼ਲਾਘਾ ਕੀਤੀ ਸ਼ਹਿਰ ਦੀ ਖ਼ਬਰ ਨੂੰ ਵਿਸਥਾਰ ਨਾਲ ਪੜ੍ਹੋ ਇਸ ਮੌਕੇ ਸਮਾਗਮ ਵਿਚ ਸੰਗਤ ਨੇ ਹਾਜ਼ਰੀ ਭਰੀ ਅਤੇ ਪ੍ਰਬੰਧਕਾਂ ਵਲੋਂ ਕਾਰਵਾਈ ਕੀਤੀ ਗਈ ਪੁਲਿਸ ਨੇ ਮਾਮਲਾ ਦਰਜ ਕਰਕੇ ਜਾਂਚ ਸ਼ੁਰੂ ਕਰ ਦਿੱਤੀ ਹੈ ਲੋਕਾਂ ਨੇ ਸ਼ਲਾਘਾ ਕੀਤੀ ਸ਼ਹਿਰ ਦੀ ਖ਼ਬਰ ਨੂੰ ਵਿਸਥਾਰ ਨਾਲ ਪੜ੍ਹੋ ਇਸ ਮੌਕੇ ਸਮਾਗਮ ਵਿਚ ਸੰਗਤ ਨੇ ਹਾਜ਼ਰੀ ਭਰੀ ਅਤੇ ਪ੍ਰਬੰਧਕਾਂ ਵਲੋਂ ਕਾਰਵਾਈ ਕੀਤੀ ਗਈ ਪੁਲਿਸ ਨੇ ਮਾਮਲਾ ਦਰਜ ਕਰਕੇ ਜਾਂਚ ਸ਼ੁਰੂ ਕਰ ਦਿੱਤੀ ਹੈ ਲੋਕਾਂ ਨੇ ਸ਼ਲਾਘਾ ਕੀਤੀ
ਸ਼ਹਿਰ ਦੀ ਖ਼ਬਰ ਨੂੰ ਵਿਸਥਾਰ ਨਾਲ ਪੜ੍ਹੋ ਇਸ ਮੌਕੇ ਸਮਾਗਮ ਵਿਚ ਸੰਗਤ ਨੇ ਹਾਜ਼ਰੀ ਭਰੀ ਅਤੇ ਪ੍ਰਬੰਧਕਾਂ ਵਲੋਂ ਕਾਰਵਾਈ ਕੀਤੀ ਗਈ ਪੁਲਿਸ ਨੇ ਮਾਮਲਾ ਦਰਜ ਕਰਕੇ ਜਾਂਚ ਸ਼ੁਰੂ ਕਰ ਦਿੱਤੀ ਹੈ ਲੋਕਾਂ ਨੇ ਸ਼ਲਾਘਾ ਕੀਤੀ ਸ਼ਹਿਰ ਦੀ ਖ਼ਬਰ ਨੂੰ ਵਿਸਥਾਰ ਨਾਲ ਪੜ੍ਹੋ ਇਸ ਮੌਕੇ ਸਮਾਗਮ ਵਿਚ ਸੰਗਤ ਨੇ ਹਾਜ਼ਰੀ ਭਰੀ ਅਤੇ ਪ੍ਰਬੰਧਕਾਂ ਵਲੋਂ ਕਾਰਵਾਈ ਕੀਤੀ ਗਈ ਪੁਲਿਸ ਨੇ ਮਾਮਲਾ ਦਰਜ ਕਰਕੇ ਜਾਂਚ ਸ਼ੁਰੂ ਕਰ ਦਿੱਤੀ ਹੈ ਲੋਕਾਂ ਨੇ ਸ਼ਲਾਘਾ ਕੀਤੀ ਸ਼ਹਿਰ ਦੀ ਖ਼ਬਰ ਨੂੰ ਵਿਸਥਾਰ ਨਾਲ ਪੜ੍ਹੋ ਇਸ ਮੌਕੇ ਸਮਾਗਮ ਵਿਚ ਸੰਗਤ ਨੇ ਹਾਜ਼ਰੀ ਭਰੀ ਅਤੇ ਪ੍ਰਬੰਧਕਾਂ ਵਲੋਂ ਕਾਰਵਾਈ ਕੀਤੀ ਗਈ ਪੁਲਿਸ ਨੇ ਮਾਮਲਾ ਦਰਜ ਕਰਕੇ ਜਾਂਚ ਸ਼ੁਰੂ ਕਰ ਦਿੱਤੀ ਹੈ ਲੋਕਾਂ ਨੇ ਸ਼ਲਾਘਾ ਕੀਤੀ ਸ਼ਹਿਰ ਦੀ ਖ਼ਬਰ ਨੂੰ ਵਿਸਥਾਰ ਨਾਲ ਪੜ੍ਹੋ ਇਸ ਮੌਕੇ ਸਮਾਗਮ ਵਿਚ ਸੰਗਤ ਨੇ ਹਾਜ਼ਰੀ ਭਰੀ ਅਤੇ ਪ੍ਰਬੰਧਕਾਂ ਵਲੋਂ ਕਾਰਵਾਈ ਕੀਤੀ ਗਈ ਪੁਲਿਸ ਨੇ ਮਾਮਲਾ ਦਰਜ ਕਰਕੇ ਜਾਂਚ ਸ਼ੁਰੂ ਕਰ ਦਿੱਤੀ ਹੈ ਲੋਕਾਂ ਨੇ ਸ਼ਲਾਘਾ ਕੀਤੀ ਸ਼ਹਿਰ ਦੀ ਖ਼ਬਰ ਨੂੰ ਵਿਸਥਾਰ ਨਾਲ ਪੜ੍ਹੋ ਇਸ ਮੌਕੇ ਸਮਾਗਮ ਵਿਚ ਸੰਗਤ ਨੇ ਹਾਜ਼ਰੀ ਭਰੀ ਅਤੇ ਪ੍ਰਬੰਧਕਾਂ ਵਲੋਂ ਕਾਰਵਾਈ ਕੀਤੀ ਗਈ ਪੁਲਿਸ ਨੇ ਮਾਮਲਾ ਦਰਜ ਕਰਕੇ ਜਾਂਚ ਸ਼ੁਰੂ ਕਰ ਦਿੱਤੀ ਹੈ ਲੋਕਾਂ ਨੇ ਸ਼ਲਾਘਾ ਕੀਤੀ
